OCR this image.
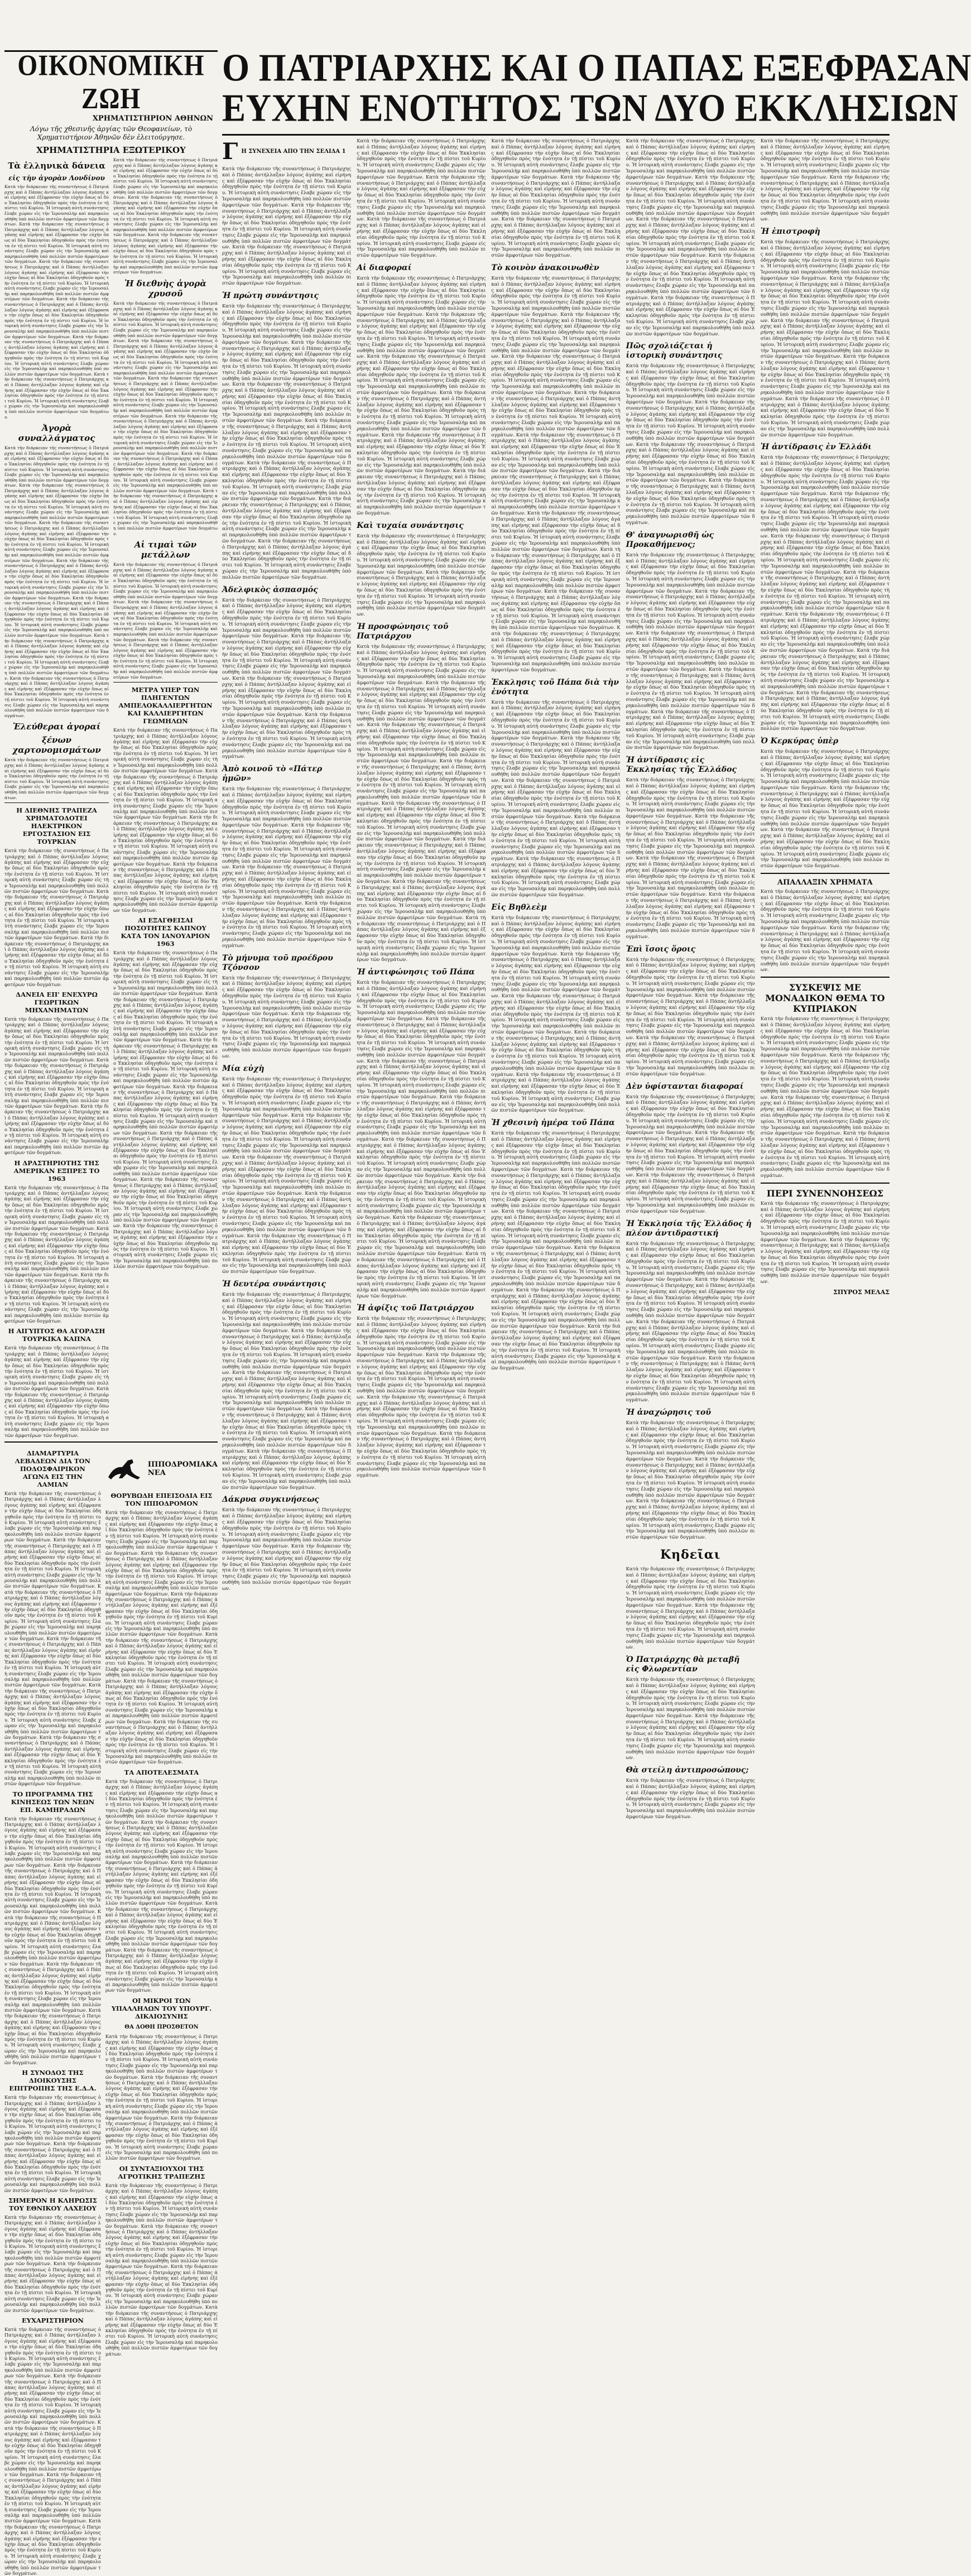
Ο ΠΑΤΡΙΑΡΧΗΣ ΚΑΙ Ο ΠΑΠΑΣ ΕΞΕΦΡΑΣΑΝ
ΕΥΧΗΝ ΕΝΟΤΗΤΟΣ ΤΩΝ ΔΥΟ ΕΚΚΛΗΣΙΩΝ
ΟΙΚΟΝΟΜΙΚΗ ΖΩΗ
ΧΡΗΜΑΤΙΣΤΗΡΙΟΝ ΑΘΗΝΩΝ
Λόγω τῆς χθεσινῆς ἀργίας τῶν Θεοφανείων, τὸ Χρηματιστήριον Ἀθηνῶν δὲν ἐλειτούργησε.
ΧΡΗΜΑΤΙΣΤΗΡΙΑ ΕΞΩΤΕΡΙΚΟΥ
Τὰ ἑλληνικὰ δάνεια
εἰς τὴν ἀγορὰν Λονδίνου
Κατὰ τὴν διάρκειαν τῆς συναντήσεως ὁ Πατριάρχης καὶ ὁ Πάπας ἀντήλλαξαν λόγους ἀγάπης καὶ εἰρήνης καὶ ἐξέφρασαν τὴν εὐχὴν ὅπως αἱ δύο Ἐκκλησίαι ὁδηγηθοῦν πρὸς τὴν ἑνότητα ἐν τῇ πίστει τοῦ Κυρίου. Ἡ ἱστορικὴ αὐτὴ συνάντησις ἔλαβε χώραν εἰς τὴν Ἱερουσαλὴμ καὶ παρηκολουθήθη ὑπὸ πολλῶν πιστῶν ἀμφοτέρων τῶν δογμάτων. Κατὰ τὴν διάρκειαν τῆς συναντήσεως ὁ Πατριάρχης καὶ ὁ Πάπας ἀντήλλαξαν λόγους ἀγάπης καὶ εἰρήνης καὶ ἐξέφρασαν τὴν εὐχὴν ὅπως αἱ δύο Ἐκκλησίαι ὁδηγηθοῦν πρὸς τὴν ἑνότητα ἐν τῇ πίστει τοῦ Κυρίου. Ἡ ἱστορικὴ αὐτὴ συνάντησις ἔλαβε χώραν εἰς τὴν Ἱερουσαλὴμ καὶ παρηκολουθήθη ὑπὸ πολλῶν πιστῶν ἀμφοτέρων τῶν δογμάτων. Κατὰ τὴν διάρκειαν τῆς συναντήσεως ὁ Πατριάρχης καὶ ὁ Πάπας ἀντήλλαξαν λόγους ἀγάπης καὶ εἰρήνης καὶ ἐξέφρασαν τὴν εὐχὴν ὅπως αἱ δύο Ἐκκλησίαι ὁδηγηθοῦν πρὸς τὴν ἑνότητα ἐν τῇ πίστει τοῦ Κυρίου. Ἡ ἱστορικὴ αὐτὴ συνάντησις ἔλαβε χώραν εἰς τὴν Ἱερουσαλὴμ καὶ παρηκολουθήθη ὑπὸ πολλῶν πιστῶν ἀμφοτέρων τῶν δογμάτων. Κατὰ τὴν διάρκειαν τῆς συναντήσεως ὁ Πατριάρχης καὶ ὁ Πάπας ἀντήλλαξαν λόγους ἀγάπης καὶ εἰρήνης καὶ ἐξέφρασαν τὴν εὐχὴν ὅπως αἱ δύο Ἐκκλησίαι ὁδηγηθοῦν πρὸς τὴν ἑνότητα ἐν τῇ πίστει τοῦ Κυρίου. Ἡ ἱστορικὴ αὐτὴ συνάντησις ἔλαβε χώραν εἰς τὴν Ἱερουσαλὴμ καὶ παρηκολουθήθη ὑπὸ πολλῶν πιστῶν ἀμφοτέρων τῶν δογμάτων. Κατὰ τὴν διάρκειαν τῆς συναντήσεως ὁ Πατριάρχης καὶ ὁ Πάπας ἀντήλλαξαν λόγους ἀγάπης καὶ εἰρήνης καὶ ἐξέφρασαν τὴν εὐχὴν ὅπως αἱ δύο Ἐκκλησίαι ὁδηγηθοῦν πρὸς τὴν ἑνότητα ἐν τῇ πίστει τοῦ Κυρίου. Ἡ ἱστορικὴ αὐτὴ συνάντησις ἔλαβε χώραν εἰς τὴν Ἱερουσαλὴμ καὶ παρηκολουθήθη ὑπὸ πολλῶν πιστῶν ἀμφοτέρων τῶν δογμάτων. Κατὰ τὴν διάρκειαν τῆς συναντήσεως ὁ Πατριάρχης καὶ ὁ Πάπας ἀντήλλαξαν λόγους ἀγάπης καὶ εἰρήνης καὶ ἐξέφρασαν τὴν εὐχὴν ὅπως αἱ δύο Ἐκκλησίαι ὁδηγηθοῦν πρὸς τὴν ἑνότητα ἐν τῇ πίστει τοῦ Κυρίου. Ἡ ἱστορικὴ αὐτὴ συνάντησις ἔλαβε χώραν εἰς τὴν Ἱερουσαλὴμ καὶ παρηκολουθήθη ὑπὸ πολλῶν πιστῶν ἀμφοτέρων τῶν δογμάτων.
Ἀγορὰ συναλλάγματος
Κατὰ τὴν διάρκειαν τῆς συναντήσεως ὁ Πατριάρχης καὶ ὁ Πάπας ἀντήλλαξαν λόγους ἀγάπης καὶ εἰρήνης καὶ ἐξέφρασαν τὴν εὐχὴν ὅπως αἱ δύο Ἐκκλησίαι ὁδηγηθοῦν πρὸς τὴν ἑνότητα ἐν τῇ πίστει τοῦ Κυρίου. Ἡ ἱστορικὴ αὐτὴ συνάντησις ἔλαβε χώραν εἰς τὴν Ἱερουσαλὴμ καὶ παρηκολουθήθη ὑπὸ πολλῶν πιστῶν ἀμφοτέρων τῶν δογμάτων. Κατὰ τὴν διάρκειαν τῆς συναντήσεως ὁ Πατριάρχης καὶ ὁ Πάπας ἀντήλλαξαν λόγους ἀγάπης καὶ εἰρήνης καὶ ἐξέφρασαν τὴν εὐχὴν ὅπως αἱ δύο Ἐκκλησίαι ὁδηγηθοῦν πρὸς τὴν ἑνότητα ἐν τῇ πίστει τοῦ Κυρίου. Ἡ ἱστορικὴ αὐτὴ συνάντησις ἔλαβε χώραν εἰς τὴν Ἱερουσαλὴμ καὶ παρηκολουθήθη ὑπὸ πολλῶν πιστῶν ἀμφοτέρων τῶν δογμάτων. Κατὰ τὴν διάρκειαν τῆς συναντήσεως ὁ Πατριάρχης καὶ ὁ Πάπας ἀντήλλαξαν λόγους ἀγάπης καὶ εἰρήνης καὶ ἐξέφρασαν τὴν εὐχὴν ὅπως αἱ δύο Ἐκκλησίαι ὁδηγηθοῦν πρὸς τὴν ἑνότητα ἐν τῇ πίστει τοῦ Κυρίου. Ἡ ἱστορικὴ αὐτὴ συνάντησις ἔλαβε χώραν εἰς τὴν Ἱερουσαλὴμ καὶ παρηκολουθήθη ὑπὸ πολλῶν πιστῶν ἀμφοτέρων τῶν δογμάτων. Κατὰ τὴν διάρκειαν τῆς συναντήσεως ὁ Πατριάρχης καὶ ὁ Πάπας ἀντήλλαξαν λόγους ἀγάπης καὶ εἰρήνης καὶ ἐξέφρασαν τὴν εὐχὴν ὅπως αἱ δύο Ἐκκλησίαι ὁδηγηθοῦν πρὸς τὴν ἑνότητα ἐν τῇ πίστει τοῦ Κυρίου. Ἡ ἱστορικὴ αὐτὴ συνάντησις ἔλαβε χώραν εἰς τὴν Ἱερουσαλὴμ καὶ παρηκολουθήθη ὑπὸ πολλῶν πιστῶν ἀμφοτέρων τῶν δογμάτων. Κατὰ τὴν διάρκειαν τῆς συναντήσεως ὁ Πατριάρχης καὶ ὁ Πάπας ἀντήλλαξαν λόγους ἀγάπης καὶ εἰρήνης καὶ ἐξέφρασαν τὴν εὐχὴν ὅπως αἱ δύο Ἐκκλησίαι ὁδηγηθοῦν πρὸς τὴν ἑνότητα ἐν τῇ πίστει τοῦ Κυρίου. Ἡ ἱστορικὴ αὐτὴ συνάντησις ἔλαβε χώραν εἰς τὴν Ἱερουσαλὴμ καὶ παρηκολουθήθη ὑπὸ πολλῶν πιστῶν ἀμφοτέρων τῶν δογμάτων. Κατὰ τὴν διάρκειαν τῆς συναντήσεως ὁ Πατριάρχης καὶ ὁ Πάπας ἀντήλλαξαν λόγους ἀγάπης καὶ εἰρήνης καὶ ἐξέφρασαν τὴν εὐχὴν ὅπως αἱ δύο Ἐκκλησίαι ὁδηγηθοῦν πρὸς τὴν ἑνότητα ἐν τῇ πίστει τοῦ Κυρίου. Ἡ ἱστορικὴ αὐτὴ συνάντησις ἔλαβε χώραν εἰς τὴν Ἱερουσαλὴμ καὶ παρηκολουθήθη ὑπὸ πολλῶν πιστῶν ἀμφοτέρων τῶν δογμάτων. Κατὰ τὴν διάρκειαν τῆς συναντήσεως ὁ Πατριάρχης καὶ ὁ Πάπας ἀντήλλαξαν λόγους ἀγάπης καὶ εἰρήνης καὶ ἐξέφρασαν τὴν εὐχὴν ὅπως αἱ δύο Ἐκκλησίαι ὁδηγηθοῦν πρὸς τὴν ἑνότητα ἐν τῇ πίστει τοῦ Κυρίου. Ἡ ἱστορικὴ αὐτὴ συνάντησις ἔλαβε χώραν εἰς τὴν Ἱερουσαλὴμ καὶ παρηκολουθήθη ὑπὸ πολλῶν πιστῶν ἀμφοτέρων τῶν δογμάτων.
Ἐλεύθεραι ἀγοραί
ξένων χαρτονομισμάτων
Κατὰ τὴν διάρκειαν τῆς συναντήσεως ὁ Πατριάρχης καὶ ὁ Πάπας ἀντήλλαξαν λόγους ἀγάπης καὶ εἰρήνης καὶ ἐξέφρασαν τὴν εὐχὴν ὅπως αἱ δύο Ἐκκλησίαι ὁδηγηθοῦν πρὸς τὴν ἑνότητα ἐν τῇ πίστει τοῦ Κυρίου. Ἡ ἱστορικὴ αὐτὴ συνάντησις ἔλαβε χώραν εἰς τὴν Ἱερουσαλὴμ καὶ παρηκολουθήθη ὑπὸ πολλῶν πιστῶν ἀμφοτέρων τῶν δογμάτων.
Η ΔΙΕΘΝΗΣ ΤΡΑΠΕΖΑ ΧΡΗΜΑΤΟΔΟΤΕΙ ΗΛΕΚΤΡΙΚΟΝ ΕΡΓΟΣΤΑΣΙΟΝ ΕΙΣ ΤΟΥΡΚΙΑΝ
Κατὰ τὴν διάρκειαν τῆς συναντήσεως ὁ Πατριάρχης καὶ ὁ Πάπας ἀντήλλαξαν λόγους ἀγάπης καὶ εἰρήνης καὶ ἐξέφρασαν τὴν εὐχὴν ὅπως αἱ δύο Ἐκκλησίαι ὁδηγηθοῦν πρὸς τὴν ἑνότητα ἐν τῇ πίστει τοῦ Κυρίου. Ἡ ἱστορικὴ αὐτὴ συνάντησις ἔλαβε χώραν εἰς τὴν Ἱερουσαλὴμ καὶ παρηκολουθήθη ὑπὸ πολλῶν πιστῶν ἀμφοτέρων τῶν δογμάτων. Κατὰ τὴν διάρκειαν τῆς συναντήσεως ὁ Πατριάρχης καὶ ὁ Πάπας ἀντήλλαξαν λόγους ἀγάπης καὶ εἰρήνης καὶ ἐξέφρασαν τὴν εὐχὴν ὅπως αἱ δύο Ἐκκλησίαι ὁδηγηθοῦν πρὸς τὴν ἑνότητα ἐν τῇ πίστει τοῦ Κυρίου. Ἡ ἱστορικὴ αὐτὴ συνάντησις ἔλαβε χώραν εἰς τὴν Ἱερουσαλὴμ καὶ παρηκολουθήθη ὑπὸ πολλῶν πιστῶν ἀμφοτέρων τῶν δογμάτων. Κατὰ τὴν διάρκειαν τῆς συναντήσεως ὁ Πατριάρχης καὶ ὁ Πάπας ἀντήλλαξαν λόγους ἀγάπης καὶ εἰρήνης καὶ ἐξέφρασαν τὴν εὐχὴν ὅπως αἱ δύο Ἐκκλησίαι ὁδηγηθοῦν πρὸς τὴν ἑνότητα ἐν τῇ πίστει τοῦ Κυρίου. Ἡ ἱστορικὴ αὐτὴ συνάντησις ἔλαβε χώραν εἰς τὴν Ἱερουσαλὴμ καὶ παρηκολουθήθη ὑπὸ πολλῶν πιστῶν ἀμφοτέρων τῶν δογμάτων.
ΔΑΝΕΙΑ ΕΠ' ΕΝΕΧΥΡΩ ΓΕΩΡΓΙΚΩΝ ΜΗΧΑΝΗΜΑΤΩΝ
Κατὰ τὴν διάρκειαν τῆς συναντήσεως ὁ Πατριάρχης καὶ ὁ Πάπας ἀντήλλαξαν λόγους ἀγάπης καὶ εἰρήνης καὶ ἐξέφρασαν τὴν εὐχὴν ὅπως αἱ δύο Ἐκκλησίαι ὁδηγηθοῦν πρὸς τὴν ἑνότητα ἐν τῇ πίστει τοῦ Κυρίου. Ἡ ἱστορικὴ αὐτὴ συνάντησις ἔλαβε χώραν εἰς τὴν Ἱερουσαλὴμ καὶ παρηκολουθήθη ὑπὸ πολλῶν πιστῶν ἀμφοτέρων τῶν δογμάτων. Κατὰ τὴν διάρκειαν τῆς συναντήσεως ὁ Πατριάρχης καὶ ὁ Πάπας ἀντήλλαξαν λόγους ἀγάπης καὶ εἰρήνης καὶ ἐξέφρασαν τὴν εὐχὴν ὅπως αἱ δύο Ἐκκλησίαι ὁδηγηθοῦν πρὸς τὴν ἑνότητα ἐν τῇ πίστει τοῦ Κυρίου. Ἡ ἱστορικὴ αὐτὴ συνάντησις ἔλαβε χώραν εἰς τὴν Ἱερουσαλὴμ καὶ παρηκολουθήθη ὑπὸ πολλῶν πιστῶν ἀμφοτέρων τῶν δογμάτων. Κατὰ τὴν διάρκειαν τῆς συναντήσεως ὁ Πατριάρχης καὶ ὁ Πάπας ἀντήλλαξαν λόγους ἀγάπης καὶ εἰρήνης καὶ ἐξέφρασαν τὴν εὐχὴν ὅπως αἱ δύο Ἐκκλησίαι ὁδηγηθοῦν πρὸς τὴν ἑνότητα ἐν τῇ πίστει τοῦ Κυρίου. Ἡ ἱστορικὴ αὐτὴ συνάντησις ἔλαβε χώραν εἰς τὴν Ἱερουσαλὴμ καὶ παρηκολουθήθη ὑπὸ πολλῶν πιστῶν ἀμφοτέρων τῶν δογμάτων.
Η ΔΡΑΣΤΗΡΙΟΤΗΣ ΤΗΣ ΑΜΕΡΙΚΑΝ ΕΞΠΡΕΣ ΤΟ 1963
Κατὰ τὴν διάρκειαν τῆς συναντήσεως ὁ Πατριάρχης καὶ ὁ Πάπας ἀντήλλαξαν λόγους ἀγάπης καὶ εἰρήνης καὶ ἐξέφρασαν τὴν εὐχὴν ὅπως αἱ δύο Ἐκκλησίαι ὁδηγηθοῦν πρὸς τὴν ἑνότητα ἐν τῇ πίστει τοῦ Κυρίου. Ἡ ἱστορικὴ αὐτὴ συνάντησις ἔλαβε χώραν εἰς τὴν Ἱερουσαλὴμ καὶ παρηκολουθήθη ὑπὸ πολλῶν πιστῶν ἀμφοτέρων τῶν δογμάτων. Κατὰ τὴν διάρκειαν τῆς συναντήσεως ὁ Πατριάρχης καὶ ὁ Πάπας ἀντήλλαξαν λόγους ἀγάπης καὶ εἰρήνης καὶ ἐξέφρασαν τὴν εὐχὴν ὅπως αἱ δύο Ἐκκλησίαι ὁδηγηθοῦν πρὸς τὴν ἑνότητα ἐν τῇ πίστει τοῦ Κυρίου. Ἡ ἱστορικὴ αὐτὴ συνάντησις ἔλαβε χώραν εἰς τὴν Ἱερουσαλὴμ καὶ παρηκολουθήθη ὑπὸ πολλῶν πιστῶν ἀμφοτέρων τῶν δογμάτων. Κατὰ τὴν διάρκειαν τῆς συναντήσεως ὁ Πατριάρχης καὶ ὁ Πάπας ἀντήλλαξαν λόγους ἀγάπης καὶ εἰρήνης καὶ ἐξέφρασαν τὴν εὐχὴν ὅπως αἱ δύο Ἐκκλησίαι ὁδηγηθοῦν πρὸς τὴν ἑνότητα ἐν τῇ πίστει τοῦ Κυρίου. Ἡ ἱστορικὴ αὐτὴ συνάντησις ἔλαβε χώραν εἰς τὴν Ἱερουσαλὴμ καὶ παρηκολουθήθη ὑπὸ πολλῶν πιστῶν ἀμφοτέρων τῶν δογμάτων.
Η ΑΙΓΥΠΤΟΣ ΘΑ ΑΓΟΡΑΣΗ ΤΟΥΡΚΙΚΑ ΚΑΠΝΑ
Κατὰ τὴν διάρκειαν τῆς συναντήσεως ὁ Πατριάρχης καὶ ὁ Πάπας ἀντήλλαξαν λόγους ἀγάπης καὶ εἰρήνης καὶ ἐξέφρασαν τὴν εὐχὴν ὅπως αἱ δύο Ἐκκλησίαι ὁδηγηθοῦν πρὸς τὴν ἑνότητα ἐν τῇ πίστει τοῦ Κυρίου. Ἡ ἱστορικὴ αὐτὴ συνάντησις ἔλαβε χώραν εἰς τὴν Ἱερουσαλὴμ καὶ παρηκολουθήθη ὑπὸ πολλῶν πιστῶν ἀμφοτέρων τῶν δογμάτων. Κατὰ τὴν διάρκειαν τῆς συναντήσεως ὁ Πατριάρχης καὶ ὁ Πάπας ἀντήλλαξαν λόγους ἀγάπης καὶ εἰρήνης καὶ ἐξέφρασαν τὴν εὐχὴν ὅπως αἱ δύο Ἐκκλησίαι ὁδηγηθοῦν πρὸς τὴν ἑνότητα ἐν τῇ πίστει τοῦ Κυρίου. Ἡ ἱστορικὴ αὐτὴ συνάντησις ἔλαβε χώραν εἰς τὴν Ἱερουσαλὴμ καὶ παρηκολουθήθη ὑπὸ πολλῶν πιστῶν ἀμφοτέρων τῶν δογμάτων.
Κατὰ τὴν διάρκειαν τῆς συναντήσεως ὁ Πατριάρχης καὶ ὁ Πάπας ἀντήλλαξαν λόγους ἀγάπης καὶ εἰρήνης καὶ ἐξέφρασαν τὴν εὐχὴν ὅπως αἱ δύο Ἐκκλησίαι ὁδηγηθοῦν πρὸς τὴν ἑνότητα ἐν τῇ πίστει τοῦ Κυρίου. Ἡ ἱστορικὴ αὐτὴ συνάντησις ἔλαβε χώραν εἰς τὴν Ἱερουσαλὴμ καὶ παρηκολουθήθη ὑπὸ πολλῶν πιστῶν ἀμφοτέρων τῶν δογμάτων. Κατὰ τὴν διάρκειαν τῆς συναντήσεως ὁ Πατριάρχης καὶ ὁ Πάπας ἀντήλλαξαν λόγους ἀγάπης καὶ εἰρήνης καὶ ἐξέφρασαν τὴν εὐχὴν ὅπως αἱ δύο Ἐκκλησίαι ὁδηγηθοῦν πρὸς τὴν ἑνότητα ἐν τῇ πίστει τοῦ Κυρίου. Ἡ ἱστορικὴ αὐτὴ συνάντησις ἔλαβε χώραν εἰς τὴν Ἱερουσαλὴμ καὶ παρηκολουθήθη ὑπὸ πολλῶν πιστῶν ἀμφοτέρων τῶν δογμάτων. Κατὰ τὴν διάρκειαν τῆς συναντήσεως ὁ Πατριάρχης καὶ ὁ Πάπας ἀντήλλαξαν λόγους ἀγάπης καὶ εἰρήνης καὶ ἐξέφρασαν τὴν εὐχὴν ὅπως αἱ δύο Ἐκκλησίαι ὁδηγηθοῦν πρὸς τὴν ἑνότητα ἐν τῇ πίστει τοῦ Κυρίου. Ἡ ἱστορικὴ αὐτὴ συνάντησις ἔλαβε χώραν εἰς τὴν Ἱερουσαλὴμ καὶ παρηκολουθήθη ὑπὸ πολλῶν πιστῶν ἀμφοτέρων τῶν δογμάτων.
Ἡ διεθνὴς ἀγορὰ χρυσοῦ
Κατὰ τὴν διάρκειαν τῆς συναντήσεως ὁ Πατριάρχης καὶ ὁ Πάπας ἀντήλλαξαν λόγους ἀγάπης καὶ εἰρήνης καὶ ἐξέφρασαν τὴν εὐχὴν ὅπως αἱ δύο Ἐκκλησίαι ὁδηγηθοῦν πρὸς τὴν ἑνότητα ἐν τῇ πίστει τοῦ Κυρίου. Ἡ ἱστορικὴ αὐτὴ συνάντησις ἔλαβε χώραν εἰς τὴν Ἱερουσαλὴμ καὶ παρηκολουθήθη ὑπὸ πολλῶν πιστῶν ἀμφοτέρων τῶν δογμάτων. Κατὰ τὴν διάρκειαν τῆς συναντήσεως ὁ Πατριάρχης καὶ ὁ Πάπας ἀντήλλαξαν λόγους ἀγάπης καὶ εἰρήνης καὶ ἐξέφρασαν τὴν εὐχὴν ὅπως αἱ δύο Ἐκκλησίαι ὁδηγηθοῦν πρὸς τὴν ἑνότητα ἐν τῇ πίστει τοῦ Κυρίου. Ἡ ἱστορικὴ αὐτὴ συνάντησις ἔλαβε χώραν εἰς τὴν Ἱερουσαλὴμ καὶ παρηκολουθήθη ὑπὸ πολλῶν πιστῶν ἀμφοτέρων τῶν δογμάτων. Κατὰ τὴν διάρκειαν τῆς συναντήσεως ὁ Πατριάρχης καὶ ὁ Πάπας ἀντήλλαξαν λόγους ἀγάπης καὶ εἰρήνης καὶ ἐξέφρασαν τὴν εὐχὴν ὅπως αἱ δύο Ἐκκλησίαι ὁδηγηθοῦν πρὸς τὴν ἑνότητα ἐν τῇ πίστει τοῦ Κυρίου. Ἡ ἱστορικὴ αὐτὴ συνάντησις ἔλαβε χώραν εἰς τὴν Ἱερουσαλὴμ καὶ παρηκολουθήθη ὑπὸ πολλῶν πιστῶν ἀμφοτέρων τῶν δογμάτων. Κατὰ τὴν διάρκειαν τῆς συναντήσεως ὁ Πατριάρχης καὶ ὁ Πάπας ἀντήλλαξαν λόγους ἀγάπης καὶ εἰρήνης καὶ ἐξέφρασαν τὴν εὐχὴν ὅπως αἱ δύο Ἐκκλησίαι ὁδηγηθοῦν πρὸς τὴν ἑνότητα ἐν τῇ πίστει τοῦ Κυρίου. Ἡ ἱστορικὴ αὐτὴ συνάντησις ἔλαβε χώραν εἰς τὴν Ἱερουσαλὴμ καὶ παρηκολουθήθη ὑπὸ πολλῶν πιστῶν ἀμφοτέρων τῶν δογμάτων. Κατὰ τὴν διάρκειαν τῆς συναντήσεως ὁ Πατριάρχης καὶ ὁ Πάπας ἀντήλλαξαν λόγους ἀγάπης καὶ εἰρήνης καὶ ἐξέφρασαν τὴν εὐχὴν ὅπως αἱ δύο Ἐκκλησίαι ὁδηγηθοῦν πρὸς τὴν ἑνότητα ἐν τῇ πίστει τοῦ Κυρίου. Ἡ ἱστορικὴ αὐτὴ συνάντησις ἔλαβε χώραν εἰς τὴν Ἱερουσαλὴμ καὶ παρηκολουθήθη ὑπὸ πολλῶν πιστῶν ἀμφοτέρων τῶν δογμάτων. Κατὰ τὴν διάρκειαν τῆς συναντήσεως ὁ Πατριάρχης καὶ ὁ Πάπας ἀντήλλαξαν λόγους ἀγάπης καὶ εἰρήνης καὶ ἐξέφρασαν τὴν εὐχὴν ὅπως αἱ δύο Ἐκκλησίαι ὁδηγηθοῦν πρὸς τὴν ἑνότητα ἐν τῇ πίστει τοῦ Κυρίου. Ἡ ἱστορικὴ αὐτὴ συνάντησις ἔλαβε χώραν εἰς τὴν Ἱερουσαλὴμ καὶ παρηκολουθήθη ὑπὸ πολλῶν πιστῶν ἀμφοτέρων τῶν δογμάτων.
Αἱ τιμαὶ τῶν μετάλλων
Κατὰ τὴν διάρκειαν τῆς συναντήσεως ὁ Πατριάρχης καὶ ὁ Πάπας ἀντήλλαξαν λόγους ἀγάπης καὶ εἰρήνης καὶ ἐξέφρασαν τὴν εὐχὴν ὅπως αἱ δύο Ἐκκλησίαι ὁδηγηθοῦν πρὸς τὴν ἑνότητα ἐν τῇ πίστει τοῦ Κυρίου. Ἡ ἱστορικὴ αὐτὴ συνάντησις ἔλαβε χώραν εἰς τὴν Ἱερουσαλὴμ καὶ παρηκολουθήθη ὑπὸ πολλῶν πιστῶν ἀμφοτέρων τῶν δογμάτων. Κατὰ τὴν διάρκειαν τῆς συναντήσεως ὁ Πατριάρχης καὶ ὁ Πάπας ἀντήλλαξαν λόγους ἀγάπης καὶ εἰρήνης καὶ ἐξέφρασαν τὴν εὐχὴν ὅπως αἱ δύο Ἐκκλησίαι ὁδηγηθοῦν πρὸς τὴν ἑνότητα ἐν τῇ πίστει τοῦ Κυρίου. Ἡ ἱστορικὴ αὐτὴ συνάντησις ἔλαβε χώραν εἰς τὴν Ἱερουσαλὴμ καὶ παρηκολουθήθη ὑπὸ πολλῶν πιστῶν ἀμφοτέρων τῶν δογμάτων. Κατὰ τὴν διάρκειαν τῆς συναντήσεως ὁ Πατριάρχης καὶ ὁ Πάπας ἀντήλλαξαν λόγους ἀγάπης καὶ εἰρήνης καὶ ἐξέφρασαν τὴν εὐχὴν ὅπως αἱ δύο Ἐκκλησίαι ὁδηγηθοῦν πρὸς τὴν ἑνότητα ἐν τῇ πίστει τοῦ Κυρίου. Ἡ ἱστορικὴ αὐτὴ συνάντησις ἔλαβε χώραν εἰς τὴν Ἱερουσαλὴμ καὶ παρηκολουθήθη ὑπὸ πολλῶν πιστῶν ἀμφοτέρων τῶν δογμάτων.
ΜΕΤΡΑ ΥΠΕΡ ΤΩΝ ΠΛΗΓΕΝΤΩΝ ΑΜΠΕΛΟΚΑΛΛΙΕΡΓΗΤΩΝ ΚΑΙ ΚΑΛΛΙΕΡΓΗΤΩΝ ΓΕΩΜΗΛΩΝ
Κατὰ τὴν διάρκειαν τῆς συναντήσεως ὁ Πατριάρχης καὶ ὁ Πάπας ἀντήλλαξαν λόγους ἀγάπης καὶ εἰρήνης καὶ ἐξέφρασαν τὴν εὐχὴν ὅπως αἱ δύο Ἐκκλησίαι ὁδηγηθοῦν πρὸς τὴν ἑνότητα ἐν τῇ πίστει τοῦ Κυρίου. Ἡ ἱστορικὴ αὐτὴ συνάντησις ἔλαβε χώραν εἰς τὴν Ἱερουσαλὴμ καὶ παρηκολουθήθη ὑπὸ πολλῶν πιστῶν ἀμφοτέρων τῶν δογμάτων. Κατὰ τὴν διάρκειαν τῆς συναντήσεως ὁ Πατριάρχης καὶ ὁ Πάπας ἀντήλλαξαν λόγους ἀγάπης καὶ εἰρήνης καὶ ἐξέφρασαν τὴν εὐχὴν ὅπως αἱ δύο Ἐκκλησίαι ὁδηγηθοῦν πρὸς τὴν ἑνότητα ἐν τῇ πίστει τοῦ Κυρίου. Ἡ ἱστορικὴ αὐτὴ συνάντησις ἔλαβε χώραν εἰς τὴν Ἱερουσαλὴμ καὶ παρηκολουθήθη ὑπὸ πολλῶν πιστῶν ἀμφοτέρων τῶν δογμάτων. Κατὰ τὴν διάρκειαν τῆς συναντήσεως ὁ Πατριάρχης καὶ ὁ Πάπας ἀντήλλαξαν λόγους ἀγάπης καὶ εἰρήνης καὶ ἐξέφρασαν τὴν εὐχὴν ὅπως αἱ δύο Ἐκκλησίαι ὁδηγηθοῦν πρὸς τὴν ἑνότητα ἐν τῇ πίστει τοῦ Κυρίου. Ἡ ἱστορικὴ αὐτὴ συνάντησις ἔλαβε χώραν εἰς τὴν Ἱερουσαλὴμ καὶ παρηκολουθήθη ὑπὸ πολλῶν πιστῶν ἀμφοτέρων τῶν δογμάτων. Κατὰ τὴν διάρκειαν τῆς συναντήσεως ὁ Πατριάρχης καὶ ὁ Πάπας ἀντήλλαξαν λόγους ἀγάπης καὶ εἰρήνης καὶ ἐξέφρασαν τὴν εὐχὴν ὅπως αἱ δύο Ἐκκλησίαι ὁδηγηθοῦν πρὸς τὴν ἑνότητα ἐν τῇ πίστει τοῦ Κυρίου. Ἡ ἱστορικὴ αὐτὴ συνάντησις ἔλαβε χώραν εἰς τὴν Ἱερουσαλὴμ καὶ παρηκολουθήθη ὑπὸ πολλῶν πιστῶν ἀμφοτέρων τῶν δογμάτων.
ΑΙ ΕΞΑΓΘΕΙΣΑΙ ΠΟΣΟΤΗΤΕΣ ΚΑΠΝΟΥ ΚΑΤΑ ΤΟΝ ΙΑΝΟΥΑΡΙΟΝ 1963
Κατὰ τὴν διάρκειαν τῆς συναντήσεως ὁ Πατριάρχης καὶ ὁ Πάπας ἀντήλλαξαν λόγους ἀγάπης καὶ εἰρήνης καὶ ἐξέφρασαν τὴν εὐχὴν ὅπως αἱ δύο Ἐκκλησίαι ὁδηγηθοῦν πρὸς τὴν ἑνότητα ἐν τῇ πίστει τοῦ Κυρίου. Ἡ ἱστορικὴ αὐτὴ συνάντησις ἔλαβε χώραν εἰς τὴν Ἱερουσαλὴμ καὶ παρηκολουθήθη ὑπὸ πολλῶν πιστῶν ἀμφοτέρων τῶν δογμάτων. Κατὰ τὴν διάρκειαν τῆς συναντήσεως ὁ Πατριάρχης καὶ ὁ Πάπας ἀντήλλαξαν λόγους ἀγάπης καὶ εἰρήνης καὶ ἐξέφρασαν τὴν εὐχὴν ὅπως αἱ δύο Ἐκκλησίαι ὁδηγηθοῦν πρὸς τὴν ἑνότητα ἐν τῇ πίστει τοῦ Κυρίου. Ἡ ἱστορικὴ αὐτὴ συνάντησις ἔλαβε χώραν εἰς τὴν Ἱερουσαλὴμ καὶ παρηκολουθήθη ὑπὸ πολλῶν πιστῶν ἀμφοτέρων τῶν δογμάτων. Κατὰ τὴν διάρκειαν τῆς συναντήσεως ὁ Πατριάρχης καὶ ὁ Πάπας ἀντήλλαξαν λόγους ἀγάπης καὶ εἰρήνης καὶ ἐξέφρασαν τὴν εὐχὴν ὅπως αἱ δύο Ἐκκλησίαι ὁδηγηθοῦν πρὸς τὴν ἑνότητα ἐν τῇ πίστει τοῦ Κυρίου. Ἡ ἱστορικὴ αὐτὴ συνάντησις ἔλαβε χώραν εἰς τὴν Ἱερουσαλὴμ καὶ παρηκολουθήθη ὑπὸ πολλῶν πιστῶν ἀμφοτέρων τῶν δογμάτων. Κατὰ τὴν διάρκειαν τῆς συναντήσεως ὁ Πατριάρχης καὶ ὁ Πάπας ἀντήλλαξαν λόγους ἀγάπης καὶ εἰρήνης καὶ ἐξέφρασαν τὴν εὐχὴν ὅπως αἱ δύο Ἐκκλησίαι ὁδηγηθοῦν πρὸς τὴν ἑνότητα ἐν τῇ πίστει τοῦ Κυρίου. Ἡ ἱστορικὴ αὐτὴ συνάντησις ἔλαβε χώραν εἰς τὴν Ἱερουσαλὴμ καὶ παρηκολουθήθη ὑπὸ πολλῶν πιστῶν ἀμφοτέρων τῶν δογμάτων. Κατὰ τὴν διάρκειαν τῆς συναντήσεως ὁ Πατριάρχης καὶ ὁ Πάπας ἀντήλλαξαν λόγους ἀγάπης καὶ εἰρήνης καὶ ἐξέφρασαν τὴν εὐχὴν ὅπως αἱ δύο Ἐκκλησίαι ὁδηγηθοῦν πρὸς τὴν ἑνότητα ἐν τῇ πίστει τοῦ Κυρίου. Ἡ ἱστορικὴ αὐτὴ συνάντησις ἔλαβε χώραν εἰς τὴν Ἱερουσαλὴμ καὶ παρηκολουθήθη ὑπὸ πολλῶν πιστῶν ἀμφοτέρων τῶν δογμάτων. Κατὰ τὴν διάρκειαν τῆς συναντήσεως ὁ Πατριάρχης καὶ ὁ Πάπας ἀντήλλαξαν λόγους ἀγάπης καὶ εἰρήνης καὶ ἐξέφρασαν τὴν εὐχὴν ὅπως αἱ δύο Ἐκκλησίαι ὁδηγηθοῦν πρὸς τὴν ἑνότητα ἐν τῇ πίστει τοῦ Κυρίου. Ἡ ἱστορικὴ αὐτὴ συνάντησις ἔλαβε χώραν εἰς τὴν Ἱερουσαλὴμ καὶ παρηκολουθήθη ὑπὸ πολλῶν πιστῶν ἀμφοτέρων τῶν δογμάτων. Κατὰ τὴν διάρκειαν τῆς συναντήσεως ὁ Πατριάρχης καὶ ὁ Πάπας ἀντήλλαξαν λόγους ἀγάπης καὶ εἰρήνης καὶ ἐξέφρασαν τὴν εὐχὴν ὅπως αἱ δύο Ἐκκλησίαι ὁδηγηθοῦν πρὸς τὴν ἑνότητα ἐν τῇ πίστει τοῦ Κυρίου. Ἡ ἱστορικὴ αὐτὴ συνάντησις ἔλαβε χώραν εἰς τὴν Ἱερουσαλὴμ καὶ παρηκολουθήθη ὑπὸ πολλῶν πιστῶν ἀμφοτέρων τῶν δογμάτων.
ΔΙΑΜΑΡΤΥΡΙΑ ΛΕΒΑΔΕΩΝ ΔΙΑ ΤΟΝ ΠΟΔΟΣΦΑΙΡΙΚΟΝ ΑΓΩΝΑ ΕΙΣ ΤΗΝ ΛΑΜΙΑΝ
Κατὰ τὴν διάρκειαν τῆς συναντήσεως ὁ Πατριάρχης καὶ ὁ Πάπας ἀντήλλαξαν λόγους ἀγάπης καὶ εἰρήνης καὶ ἐξέφρασαν τὴν εὐχὴν ὅπως αἱ δύο Ἐκκλησίαι ὁδηγηθοῦν πρὸς τὴν ἑνότητα ἐν τῇ πίστει τοῦ Κυρίου. Ἡ ἱστορικὴ αὐτὴ συνάντησις ἔλαβε χώραν εἰς τὴν Ἱερουσαλὴμ καὶ παρηκολουθήθη ὑπὸ πολλῶν πιστῶν ἀμφοτέρων τῶν δογμάτων. Κατὰ τὴν διάρκειαν τῆς συναντήσεως ὁ Πατριάρχης καὶ ὁ Πάπας ἀντήλλαξαν λόγους ἀγάπης καὶ εἰρήνης καὶ ἐξέφρασαν τὴν εὐχὴν ὅπως αἱ δύο Ἐκκλησίαι ὁδηγηθοῦν πρὸς τὴν ἑνότητα ἐν τῇ πίστει τοῦ Κυρίου. Ἡ ἱστορικὴ αὐτὴ συνάντησις ἔλαβε χώραν εἰς τὴν Ἱερουσαλὴμ καὶ παρηκολουθήθη ὑπὸ πολλῶν πιστῶν ἀμφοτέρων τῶν δογμάτων. Κατὰ τὴν διάρκειαν τῆς συναντήσεως ὁ Πατριάρχης καὶ ὁ Πάπας ἀντήλλαξαν λόγους ἀγάπης καὶ εἰρήνης καὶ ἐξέφρασαν τὴν εὐχὴν ὅπως αἱ δύο Ἐκκλησίαι ὁδηγηθοῦν πρὸς τὴν ἑνότητα ἐν τῇ πίστει τοῦ Κυρίου. Ἡ ἱστορικὴ αὐτὴ συνάντησις ἔλαβε χώραν εἰς τὴν Ἱερουσαλὴμ καὶ παρηκολουθήθη ὑπὸ πολλῶν πιστῶν ἀμφοτέρων τῶν δογμάτων. Κατὰ τὴν διάρκειαν τῆς συναντήσεως ὁ Πατριάρχης καὶ ὁ Πάπας ἀντήλλαξαν λόγους ἀγάπης καὶ εἰρήνης καὶ ἐξέφρασαν τὴν εὐχὴν ὅπως αἱ δύο Ἐκκλησίαι ὁδηγηθοῦν πρὸς τὴν ἑνότητα ἐν τῇ πίστει τοῦ Κυρίου. Ἡ ἱστορικὴ αὐτὴ συνάντησις ἔλαβε χώραν εἰς τὴν Ἱερουσαλὴμ καὶ παρηκολουθήθη ὑπὸ πολλῶν πιστῶν ἀμφοτέρων τῶν δογμάτων. Κατὰ τὴν διάρκειαν τῆς συναντήσεως ὁ Πατριάρχης καὶ ὁ Πάπας ἀντήλλαξαν λόγους ἀγάπης καὶ εἰρήνης καὶ ἐξέφρασαν τὴν εὐχὴν ὅπως αἱ δύο Ἐκκλησίαι ὁδηγηθοῦν πρὸς τὴν ἑνότητα ἐν τῇ πίστει τοῦ Κυρίου. Ἡ ἱστορικὴ αὐτὴ συνάντησις ἔλαβε χώραν εἰς τὴν Ἱερουσαλὴμ καὶ παρηκολουθήθη ὑπὸ πολλῶν πιστῶν ἀμφοτέρων τῶν δογμάτων. Κατὰ τὴν διάρκειαν τῆς συναντήσεως ὁ Πατριάρχης καὶ ὁ Πάπας ἀντήλλαξαν λόγους ἀγάπης καὶ εἰρήνης καὶ ἐξέφρασαν τὴν εὐχὴν ὅπως αἱ δύο Ἐκκλησίαι ὁδηγηθοῦν πρὸς τὴν ἑνότητα ἐν τῇ πίστει τοῦ Κυρίου. Ἡ ἱστορικὴ αὐτὴ συνάντησις ἔλαβε χώραν εἰς τὴν Ἱερουσαλὴμ καὶ παρηκολουθήθη ὑπὸ πολλῶν πιστῶν ἀμφοτέρων τῶν δογμάτων.
ΤΟ ΠΡΟΓΡΑΜΜΑ ΤΗΣ ΚΙΝΗΣΕΩΣ ΤΩΝ ΝΕΩΝ ΕΠ. ΚΑΜΗΡΑΔΩΝ
Κατὰ τὴν διάρκειαν τῆς συναντήσεως ὁ Πατριάρχης καὶ ὁ Πάπας ἀντήλλαξαν λόγους ἀγάπης καὶ εἰρήνης καὶ ἐξέφρασαν τὴν εὐχὴν ὅπως αἱ δύο Ἐκκλησίαι ὁδηγηθοῦν πρὸς τὴν ἑνότητα ἐν τῇ πίστει τοῦ Κυρίου. Ἡ ἱστορικὴ αὐτὴ συνάντησις ἔλαβε χώραν εἰς τὴν Ἱερουσαλὴμ καὶ παρηκολουθήθη ὑπὸ πολλῶν πιστῶν ἀμφοτέρων τῶν δογμάτων. Κατὰ τὴν διάρκειαν τῆς συναντήσεως ὁ Πατριάρχης καὶ ὁ Πάπας ἀντήλλαξαν λόγους ἀγάπης καὶ εἰρήνης καὶ ἐξέφρασαν τὴν εὐχὴν ὅπως αἱ δύο Ἐκκλησίαι ὁδηγηθοῦν πρὸς τὴν ἑνότητα ἐν τῇ πίστει τοῦ Κυρίου. Ἡ ἱστορικὴ αὐτὴ συνάντησις ἔλαβε χώραν εἰς τὴν Ἱερουσαλὴμ καὶ παρηκολουθήθη ὑπὸ πολλῶν πιστῶν ἀμφοτέρων τῶν δογμάτων. Κατὰ τὴν διάρκειαν τῆς συναντήσεως ὁ Πατριάρχης καὶ ὁ Πάπας ἀντήλλαξαν λόγους ἀγάπης καὶ εἰρήνης καὶ ἐξέφρασαν τὴν εὐχὴν ὅπως αἱ δύο Ἐκκλησίαι ὁδηγηθοῦν πρὸς τὴν ἑνότητα ἐν τῇ πίστει τοῦ Κυρίου. Ἡ ἱστορικὴ αὐτὴ συνάντησις ἔλαβε χώραν εἰς τὴν Ἱερουσαλὴμ καὶ παρηκολουθήθη ὑπὸ πολλῶν πιστῶν ἀμφοτέρων τῶν δογμάτων. Κατὰ τὴν διάρκειαν τῆς συναντήσεως ὁ Πατριάρχης καὶ ὁ Πάπας ἀντήλλαξαν λόγους ἀγάπης καὶ εἰρήνης καὶ ἐξέφρασαν τὴν εὐχὴν ὅπως αἱ δύο Ἐκκλησίαι ὁδηγηθοῦν πρὸς τὴν ἑνότητα ἐν τῇ πίστει τοῦ Κυρίου. Ἡ ἱστορικὴ αὐτὴ συνάντησις ἔλαβε χώραν εἰς τὴν Ἱερουσαλὴμ καὶ παρηκολουθήθη ὑπὸ πολλῶν πιστῶν ἀμφοτέρων τῶν δογμάτων. Κατὰ τὴν διάρκειαν τῆς συναντήσεως ὁ Πατριάρχης καὶ ὁ Πάπας ἀντήλλαξαν λόγους ἀγάπης καὶ εἰρήνης καὶ ἐξέφρασαν τὴν εὐχὴν ὅπως αἱ δύο Ἐκκλησίαι ὁδηγηθοῦν πρὸς τὴν ἑνότητα ἐν τῇ πίστει τοῦ Κυρίου. Ἡ ἱστορικὴ αὐτὴ συνάντησις ἔλαβε χώραν εἰς τὴν Ἱερουσαλὴμ καὶ παρηκολουθήθη ὑπὸ πολλῶν πιστῶν ἀμφοτέρων τῶν δογμάτων.
Η ΣΥΝΟΔΟΣ ΤΗΣ ΔΙΟΙΚΟΥΣΗΣ ΕΠΙΤΡΟΠΗΣ ΤΗΣ Ε.Δ.Α.
Κατὰ τὴν διάρκειαν τῆς συναντήσεως ὁ Πατριάρχης καὶ ὁ Πάπας ἀντήλλαξαν λόγους ἀγάπης καὶ εἰρήνης καὶ ἐξέφρασαν τὴν εὐχὴν ὅπως αἱ δύο Ἐκκλησίαι ὁδηγηθοῦν πρὸς τὴν ἑνότητα ἐν τῇ πίστει τοῦ Κυρίου. Ἡ ἱστορικὴ αὐτὴ συνάντησις ἔλαβε χώραν εἰς τὴν Ἱερουσαλὴμ καὶ παρηκολουθήθη ὑπὸ πολλῶν πιστῶν ἀμφοτέρων τῶν δογμάτων. Κατὰ τὴν διάρκειαν τῆς συναντήσεως ὁ Πατριάρχης καὶ ὁ Πάπας ἀντήλλαξαν λόγους ἀγάπης καὶ εἰρήνης καὶ ἐξέφρασαν τὴν εὐχὴν ὅπως αἱ δύο Ἐκκλησίαι ὁδηγηθοῦν πρὸς τὴν ἑνότητα ἐν τῇ πίστει τοῦ Κυρίου. Ἡ ἱστορικὴ αὐτὴ συνάντησις ἔλαβε χώραν εἰς τὴν Ἱερουσαλὴμ καὶ παρηκολουθήθη ὑπὸ πολλῶν πιστῶν ἀμφοτέρων τῶν δογμάτων.
ΣΗΜΕΡΟΝ Η ΚΛΗΡΩΣΙΣ ΤΟΥ ΕΘΝΙΚΟΥ ΛΑΧΕΙΟΥ
Κατὰ τὴν διάρκειαν τῆς συναντήσεως ὁ Πατριάρχης καὶ ὁ Πάπας ἀντήλλαξαν λόγους ἀγάπης καὶ εἰρήνης καὶ ἐξέφρασαν τὴν εὐχὴν ὅπως αἱ δύο Ἐκκλησίαι ὁδηγηθοῦν πρὸς τὴν ἑνότητα ἐν τῇ πίστει τοῦ Κυρίου. Ἡ ἱστορικὴ αὐτὴ συνάντησις ἔλαβε χώραν εἰς τὴν Ἱερουσαλὴμ καὶ παρηκολουθήθη ὑπὸ πολλῶν πιστῶν ἀμφοτέρων τῶν δογμάτων. Κατὰ τὴν διάρκειαν τῆς συναντήσεως ὁ Πατριάρχης καὶ ὁ Πάπας ἀντήλλαξαν λόγους ἀγάπης καὶ εἰρήνης καὶ ἐξέφρασαν τὴν εὐχὴν ὅπως αἱ δύο Ἐκκλησίαι ὁδηγηθοῦν πρὸς τὴν ἑνότητα ἐν τῇ πίστει τοῦ Κυρίου. Ἡ ἱστορικὴ αὐτὴ συνάντησις ἔλαβε χώραν εἰς τὴν Ἱερουσαλὴμ καὶ παρηκολουθήθη ὑπὸ πολλῶν πιστῶν ἀμφοτέρων τῶν δογμάτων.
ΕΥΧΑΡΙΣΤΗΡΙΟΝ
Κατὰ τὴν διάρκειαν τῆς συναντήσεως ὁ Πατριάρχης καὶ ὁ Πάπας ἀντήλλαξαν λόγους ἀγάπης καὶ εἰρήνης καὶ ἐξέφρασαν τὴν εὐχὴν ὅπως αἱ δύο Ἐκκλησίαι ὁδηγηθοῦν πρὸς τὴν ἑνότητα ἐν τῇ πίστει τοῦ Κυρίου. Ἡ ἱστορικὴ αὐτὴ συνάντησις ἔλαβε χώραν εἰς τὴν Ἱερουσαλὴμ καὶ παρηκολουθήθη ὑπὸ πολλῶν πιστῶν ἀμφοτέρων τῶν δογμάτων. Κατὰ τὴν διάρκειαν τῆς συναντήσεως ὁ Πατριάρχης καὶ ὁ Πάπας ἀντήλλαξαν λόγους ἀγάπης καὶ εἰρήνης καὶ ἐξέφρασαν τὴν εὐχὴν ὅπως αἱ δύο Ἐκκλησίαι ὁδηγηθοῦν πρὸς τὴν ἑνότητα ἐν τῇ πίστει τοῦ Κυρίου. Ἡ ἱστορικὴ αὐτὴ συνάντησις ἔλαβε χώραν εἰς τὴν Ἱερουσαλὴμ καὶ παρηκολουθήθη ὑπὸ πολλῶν πιστῶν ἀμφοτέρων τῶν δογμάτων. Κατὰ τὴν διάρκειαν τῆς συναντήσεως ὁ Πατριάρχης καὶ ὁ Πάπας ἀντήλλαξαν λόγους ἀγάπης καὶ εἰρήνης καὶ ἐξέφρασαν τὴν εὐχὴν ὅπως αἱ δύο Ἐκκλησίαι ὁδηγηθοῦν πρὸς τὴν ἑνότητα ἐν τῇ πίστει τοῦ Κυρίου. Ἡ ἱστορικὴ αὐτὴ συνάντησις ἔλαβε χώραν εἰς τὴν Ἱερουσαλὴμ καὶ παρηκολουθήθη ὑπὸ πολλῶν πιστῶν ἀμφοτέρων τῶν δογμάτων. Κατὰ τὴν διάρκειαν τῆς συναντήσεως ὁ Πατριάρχης καὶ ὁ Πάπας ἀντήλλαξαν λόγους ἀγάπης καὶ εἰρήνης καὶ ἐξέφρασαν τὴν εὐχὴν ὅπως αἱ δύο Ἐκκλησίαι ὁδηγηθοῦν πρὸς τὴν ἑνότητα ἐν τῇ πίστει τοῦ Κυρίου. Ἡ ἱστορικὴ αὐτὴ συνάντησις ἔλαβε χώραν εἰς τὴν Ἱερουσαλὴμ καὶ παρηκολουθήθη ὑπὸ πολλῶν πιστῶν ἀμφοτέρων τῶν δογμάτων. Κατὰ τὴν διάρκειαν τῆς συναντήσεως ὁ Πατριάρχης καὶ ὁ Πάπας ἀντήλλαξαν λόγους ἀγάπης καὶ εἰρήνης καὶ ἐξέφρασαν τὴν εὐχὴν ὅπως αἱ δύο Ἐκκλησίαι ὁδηγηθοῦν πρὸς τὴν ἑνότητα ἐν τῇ πίστει τοῦ Κυρίου. Ἡ ἱστορικὴ αὐτὴ συνάντησις ἔλαβε χώραν εἰς τὴν Ἱερουσαλὴμ καὶ παρηκολουθήθη ὑπὸ πολλῶν πιστῶν ἀμφοτέρων τῶν δογμάτων.
ΙΠΠΟΔΡΟΜΙΑΚΑ ΝΕΑ
ΘΟΡΥΒΩΔΗ ΕΠΕΙΣΟΔΙΑ ΕΙΣ ΤΟΝ ΙΠΠΟΔΡΟΜΟΝ
Κατὰ τὴν διάρκειαν τῆς συναντήσεως ὁ Πατριάρχης καὶ ὁ Πάπας ἀντήλλαξαν λόγους ἀγάπης καὶ εἰρήνης καὶ ἐξέφρασαν τὴν εὐχὴν ὅπως αἱ δύο Ἐκκλησίαι ὁδηγηθοῦν πρὸς τὴν ἑνότητα ἐν τῇ πίστει τοῦ Κυρίου. Ἡ ἱστορικὴ αὐτὴ συνάντησις ἔλαβε χώραν εἰς τὴν Ἱερουσαλὴμ καὶ παρηκολουθήθη ὑπὸ πολλῶν πιστῶν ἀμφοτέρων τῶν δογμάτων. Κατὰ τὴν διάρκειαν τῆς συναντήσεως ὁ Πατριάρχης καὶ ὁ Πάπας ἀντήλλαξαν λόγους ἀγάπης καὶ εἰρήνης καὶ ἐξέφρασαν τὴν εὐχὴν ὅπως αἱ δύο Ἐκκλησίαι ὁδηγηθοῦν πρὸς τὴν ἑνότητα ἐν τῇ πίστει τοῦ Κυρίου. Ἡ ἱστορικὴ αὐτὴ συνάντησις ἔλαβε χώραν εἰς τὴν Ἱερουσαλὴμ καὶ παρηκολουθήθη ὑπὸ πολλῶν πιστῶν ἀμφοτέρων τῶν δογμάτων. Κατὰ τὴν διάρκειαν τῆς συναντήσεως ὁ Πατριάρχης καὶ ὁ Πάπας ἀντήλλαξαν λόγους ἀγάπης καὶ εἰρήνης καὶ ἐξέφρασαν τὴν εὐχὴν ὅπως αἱ δύο Ἐκκλησίαι ὁδηγηθοῦν πρὸς τὴν ἑνότητα ἐν τῇ πίστει τοῦ Κυρίου. Ἡ ἱστορικὴ αὐτὴ συνάντησις ἔλαβε χώραν εἰς τὴν Ἱερουσαλὴμ καὶ παρηκολουθήθη ὑπὸ πολλῶν πιστῶν ἀμφοτέρων τῶν δογμάτων. Κατὰ τὴν διάρκειαν τῆς συναντήσεως ὁ Πατριάρχης καὶ ὁ Πάπας ἀντήλλαξαν λόγους ἀγάπης καὶ εἰρήνης καὶ ἐξέφρασαν τὴν εὐχὴν ὅπως αἱ δύο Ἐκκλησίαι ὁδηγηθοῦν πρὸς τὴν ἑνότητα ἐν τῇ πίστει τοῦ Κυρίου. Ἡ ἱστορικὴ αὐτὴ συνάντησις ἔλαβε χώραν εἰς τὴν Ἱερουσαλὴμ καὶ παρηκολουθήθη ὑπὸ πολλῶν πιστῶν ἀμφοτέρων τῶν δογμάτων. Κατὰ τὴν διάρκειαν τῆς συναντήσεως ὁ Πατριάρχης καὶ ὁ Πάπας ἀντήλλαξαν λόγους ἀγάπης καὶ εἰρήνης καὶ ἐξέφρασαν τὴν εὐχὴν ὅπως αἱ δύο Ἐκκλησίαι ὁδηγηθοῦν πρὸς τὴν ἑνότητα ἐν τῇ πίστει τοῦ Κυρίου. Ἡ ἱστορικὴ αὐτὴ συνάντησις ἔλαβε χώραν εἰς τὴν Ἱερουσαλὴμ καὶ παρηκολουθήθη ὑπὸ πολλῶν πιστῶν ἀμφοτέρων τῶν δογμάτων. Κατὰ τὴν διάρκειαν τῆς συναντήσεως ὁ Πατριάρχης καὶ ὁ Πάπας ἀντήλλαξαν λόγους ἀγάπης καὶ εἰρήνης καὶ ἐξέφρασαν τὴν εὐχὴν ὅπως αἱ δύο Ἐκκλησίαι ὁδηγηθοῦν πρὸς τὴν ἑνότητα ἐν τῇ πίστει τοῦ Κυρίου. Ἡ ἱστορικὴ αὐτὴ συνάντησις ἔλαβε χώραν εἰς τὴν Ἱερουσαλὴμ καὶ παρηκολουθήθη ὑπὸ πολλῶν πιστῶν ἀμφοτέρων τῶν δογμάτων.
ΤΑ ΑΠΟΤΕΛΕΣΜΑΤΑ
Κατὰ τὴν διάρκειαν τῆς συναντήσεως ὁ Πατριάρχης καὶ ὁ Πάπας ἀντήλλαξαν λόγους ἀγάπης καὶ εἰρήνης καὶ ἐξέφρασαν τὴν εὐχὴν ὅπως αἱ δύο Ἐκκλησίαι ὁδηγηθοῦν πρὸς τὴν ἑνότητα ἐν τῇ πίστει τοῦ Κυρίου. Ἡ ἱστορικὴ αὐτὴ συνάντησις ἔλαβε χώραν εἰς τὴν Ἱερουσαλὴμ καὶ παρηκολουθήθη ὑπὸ πολλῶν πιστῶν ἀμφοτέρων τῶν δογμάτων. Κατὰ τὴν διάρκειαν τῆς συναντήσεως ὁ Πατριάρχης καὶ ὁ Πάπας ἀντήλλαξαν λόγους ἀγάπης καὶ εἰρήνης καὶ ἐξέφρασαν τὴν εὐχὴν ὅπως αἱ δύο Ἐκκλησίαι ὁδηγηθοῦν πρὸς τὴν ἑνότητα ἐν τῇ πίστει τοῦ Κυρίου. Ἡ ἱστορικὴ αὐτὴ συνάντησις ἔλαβε χώραν εἰς τὴν Ἱερουσαλὴμ καὶ παρηκολουθήθη ὑπὸ πολλῶν πιστῶν ἀμφοτέρων τῶν δογμάτων. Κατὰ τὴν διάρκειαν τῆς συναντήσεως ὁ Πατριάρχης καὶ ὁ Πάπας ἀντήλλαξαν λόγους ἀγάπης καὶ εἰρήνης καὶ ἐξέφρασαν τὴν εὐχὴν ὅπως αἱ δύο Ἐκκλησίαι ὁδηγηθοῦν πρὸς τὴν ἑνότητα ἐν τῇ πίστει τοῦ Κυρίου. Ἡ ἱστορικὴ αὐτὴ συνάντησις ἔλαβε χώραν εἰς τὴν Ἱερουσαλὴμ καὶ παρηκολουθήθη ὑπὸ πολλῶν πιστῶν ἀμφοτέρων τῶν δογμάτων. Κατὰ τὴν διάρκειαν τῆς συναντήσεως ὁ Πατριάρχης καὶ ὁ Πάπας ἀντήλλαξαν λόγους ἀγάπης καὶ εἰρήνης καὶ ἐξέφρασαν τὴν εὐχὴν ὅπως αἱ δύο Ἐκκλησίαι ὁδηγηθοῦν πρὸς τὴν ἑνότητα ἐν τῇ πίστει τοῦ Κυρίου. Ἡ ἱστορικὴ αὐτὴ συνάντησις ἔλαβε χώραν εἰς τὴν Ἱερουσαλὴμ καὶ παρηκολουθήθη ὑπὸ πολλῶν πιστῶν ἀμφοτέρων τῶν δογμάτων. Κατὰ τὴν διάρκειαν τῆς συναντήσεως ὁ Πατριάρχης καὶ ὁ Πάπας ἀντήλλαξαν λόγους ἀγάπης καὶ εἰρήνης καὶ ἐξέφρασαν τὴν εὐχὴν ὅπως αἱ δύο Ἐκκλησίαι ὁδηγηθοῦν πρὸς τὴν ἑνότητα ἐν τῇ πίστει τοῦ Κυρίου. Ἡ ἱστορικὴ αὐτὴ συνάντησις ἔλαβε χώραν εἰς τὴν Ἱερουσαλὴμ καὶ παρηκολουθήθη ὑπὸ πολλῶν πιστῶν ἀμφοτέρων τῶν δογμάτων.
ΟΙ ΜΙΚΡΟΙ ΤΩΝ ΥΠΑΛΛΗΛΩΝ ΤΟΥ ΥΠΟΥΡΓ. ΔΙΚΑΙΟΣΥΝΗΣ
ΘΑ ΔΟΘΗ ΠΡΟΣΘΕΤΟΝ
Κατὰ τὴν διάρκειαν τῆς συναντήσεως ὁ Πατριάρχης καὶ ὁ Πάπας ἀντήλλαξαν λόγους ἀγάπης καὶ εἰρήνης καὶ ἐξέφρασαν τὴν εὐχὴν ὅπως αἱ δύο Ἐκκλησίαι ὁδηγηθοῦν πρὸς τὴν ἑνότητα ἐν τῇ πίστει τοῦ Κυρίου. Ἡ ἱστορικὴ αὐτὴ συνάντησις ἔλαβε χώραν εἰς τὴν Ἱερουσαλὴμ καὶ παρηκολουθήθη ὑπὸ πολλῶν πιστῶν ἀμφοτέρων τῶν δογμάτων. Κατὰ τὴν διάρκειαν τῆς συναντήσεως ὁ Πατριάρχης καὶ ὁ Πάπας ἀντήλλαξαν λόγους ἀγάπης καὶ εἰρήνης καὶ ἐξέφρασαν τὴν εὐχὴν ὅπως αἱ δύο Ἐκκλησίαι ὁδηγηθοῦν πρὸς τὴν ἑνότητα ἐν τῇ πίστει τοῦ Κυρίου. Ἡ ἱστορικὴ αὐτὴ συνάντησις ἔλαβε χώραν εἰς τὴν Ἱερουσαλὴμ καὶ παρηκολουθήθη ὑπὸ πολλῶν πιστῶν ἀμφοτέρων τῶν δογμάτων. Κατὰ τὴν διάρκειαν τῆς συναντήσεως ὁ Πατριάρχης καὶ ὁ Πάπας ἀντήλλαξαν λόγους ἀγάπης καὶ εἰρήνης καὶ ἐξέφρασαν τὴν εὐχὴν ὅπως αἱ δύο Ἐκκλησίαι ὁδηγηθοῦν πρὸς τὴν ἑνότητα ἐν τῇ πίστει τοῦ Κυρίου. Ἡ ἱστορικὴ αὐτὴ συνάντησις ἔλαβε χώραν εἰς τὴν Ἱερουσαλὴμ καὶ παρηκολουθήθη ὑπὸ πολλῶν πιστῶν ἀμφοτέρων τῶν δογμάτων.
ΟΙ ΣΥΝΤΑΞΙΟΥΧΟΙ ΤΗΣ ΑΓΡΟΤΙΚΗΣ ΤΡΑΠΕΖΗΣ
Κατὰ τὴν διάρκειαν τῆς συναντήσεως ὁ Πατριάρχης καὶ ὁ Πάπας ἀντήλλαξαν λόγους ἀγάπης καὶ εἰρήνης καὶ ἐξέφρασαν τὴν εὐχὴν ὅπως αἱ δύο Ἐκκλησίαι ὁδηγηθοῦν πρὸς τὴν ἑνότητα ἐν τῇ πίστει τοῦ Κυρίου. Ἡ ἱστορικὴ αὐτὴ συνάντησις ἔλαβε χώραν εἰς τὴν Ἱερουσαλὴμ καὶ παρηκολουθήθη ὑπὸ πολλῶν πιστῶν ἀμφοτέρων τῶν δογμάτων. Κατὰ τὴν διάρκειαν τῆς συναντήσεως ὁ Πατριάρχης καὶ ὁ Πάπας ἀντήλλαξαν λόγους ἀγάπης καὶ εἰρήνης καὶ ἐξέφρασαν τὴν εὐχὴν ὅπως αἱ δύο Ἐκκλησίαι ὁδηγηθοῦν πρὸς τὴν ἑνότητα ἐν τῇ πίστει τοῦ Κυρίου. Ἡ ἱστορικὴ αὐτὴ συνάντησις ἔλαβε χώραν εἰς τὴν Ἱερουσαλὴμ καὶ παρηκολουθήθη ὑπὸ πολλῶν πιστῶν ἀμφοτέρων τῶν δογμάτων. Κατὰ τὴν διάρκειαν τῆς συναντήσεως ὁ Πατριάρχης καὶ ὁ Πάπας ἀντήλλαξαν λόγους ἀγάπης καὶ εἰρήνης καὶ ἐξέφρασαν τὴν εὐχὴν ὅπως αἱ δύο Ἐκκλησίαι ὁδηγηθοῦν πρὸς τὴν ἑνότητα ἐν τῇ πίστει τοῦ Κυρίου. Ἡ ἱστορικὴ αὐτὴ συνάντησις ἔλαβε χώραν εἰς τὴν Ἱερουσαλὴμ καὶ παρηκολουθήθη ὑπὸ πολλῶν πιστῶν ἀμφοτέρων τῶν δογμάτων. Κατὰ τὴν διάρκειαν τῆς συναντήσεως ὁ Πατριάρχης καὶ ὁ Πάπας ἀντήλλαξαν λόγους ἀγάπης καὶ εἰρήνης καὶ ἐξέφρασαν τὴν εὐχὴν ὅπως αἱ δύο Ἐκκλησίαι ὁδηγηθοῦν πρὸς τὴν ἑνότητα ἐν τῇ πίστει τοῦ Κυρίου. Ἡ ἱστορικὴ αὐτὴ συνάντησις ἔλαβε χώραν εἰς τὴν Ἱερουσαλὴμ καὶ παρηκολουθήθη ὑπὸ πολλῶν πιστῶν ἀμφοτέρων τῶν δογμάτων.
Γ Η ΣΥΝΕΧΕΙΑ ΑΠΟ ΤΗΝ ΣΕΛΙΔΑ 1
Κατὰ τὴν διάρκειαν τῆς συναντήσεως ὁ Πατριάρχης καὶ ὁ Πάπας ἀντήλλαξαν λόγους ἀγάπης καὶ εἰρήνης καὶ ἐξέφρασαν τὴν εὐχὴν ὅπως αἱ δύο Ἐκκλησίαι ὁδηγηθοῦν πρὸς τὴν ἑνότητα ἐν τῇ πίστει τοῦ Κυρίου. Ἡ ἱστορικὴ αὐτὴ συνάντησις ἔλαβε χώραν εἰς τὴν Ἱερουσαλὴμ καὶ παρηκολουθήθη ὑπὸ πολλῶν πιστῶν ἀμφοτέρων τῶν δογμάτων. Κατὰ τὴν διάρκειαν τῆς συναντήσεως ὁ Πατριάρχης καὶ ὁ Πάπας ἀντήλλαξαν λόγους ἀγάπης καὶ εἰρήνης καὶ ἐξέφρασαν τὴν εὐχὴν ὅπως αἱ δύο Ἐκκλησίαι ὁδηγηθοῦν πρὸς τὴν ἑνότητα ἐν τῇ πίστει τοῦ Κυρίου. Ἡ ἱστορικὴ αὐτὴ συνάντησις ἔλαβε χώραν εἰς τὴν Ἱερουσαλὴμ καὶ παρηκολουθήθη ὑπὸ πολλῶν πιστῶν ἀμφοτέρων τῶν δογμάτων. Κατὰ τὴν διάρκειαν τῆς συναντήσεως ὁ Πατριάρχης καὶ ὁ Πάπας ἀντήλλαξαν λόγους ἀγάπης καὶ εἰρήνης καὶ ἐξέφρασαν τὴν εὐχὴν ὅπως αἱ δύο Ἐκκλησίαι ὁδηγηθοῦν πρὸς τὴν ἑνότητα ἐν τῇ πίστει τοῦ Κυρίου. Ἡ ἱστορικὴ αὐτὴ συνάντησις ἔλαβε χώραν εἰς τὴν Ἱερουσαλὴμ καὶ παρηκολουθήθη ὑπὸ πολλῶν πιστῶν ἀμφοτέρων τῶν δογμάτων.
Ἡ πρώτη συνάντησις
Κατὰ τὴν διάρκειαν τῆς συναντήσεως ὁ Πατριάρχης καὶ ὁ Πάπας ἀντήλλαξαν λόγους ἀγάπης καὶ εἰρήνης καὶ ἐξέφρασαν τὴν εὐχὴν ὅπως αἱ δύο Ἐκκλησίαι ὁδηγηθοῦν πρὸς τὴν ἑνότητα ἐν τῇ πίστει τοῦ Κυρίου. Ἡ ἱστορικὴ αὐτὴ συνάντησις ἔλαβε χώραν εἰς τὴν Ἱερουσαλὴμ καὶ παρηκολουθήθη ὑπὸ πολλῶν πιστῶν ἀμφοτέρων τῶν δογμάτων. Κατὰ τὴν διάρκειαν τῆς συναντήσεως ὁ Πατριάρχης καὶ ὁ Πάπας ἀντήλλαξαν λόγους ἀγάπης καὶ εἰρήνης καὶ ἐξέφρασαν τὴν εὐχὴν ὅπως αἱ δύο Ἐκκλησίαι ὁδηγηθοῦν πρὸς τὴν ἑνότητα ἐν τῇ πίστει τοῦ Κυρίου. Ἡ ἱστορικὴ αὐτὴ συνάντησις ἔλαβε χώραν εἰς τὴν Ἱερουσαλὴμ καὶ παρηκολουθήθη ὑπὸ πολλῶν πιστῶν ἀμφοτέρων τῶν δογμάτων. Κατὰ τὴν διάρκειαν τῆς συναντήσεως ὁ Πατριάρχης καὶ ὁ Πάπας ἀντήλλαξαν λόγους ἀγάπης καὶ εἰρήνης καὶ ἐξέφρασαν τὴν εὐχὴν ὅπως αἱ δύο Ἐκκλησίαι ὁδηγηθοῦν πρὸς τὴν ἑνότητα ἐν τῇ πίστει τοῦ Κυρίου. Ἡ ἱστορικὴ αὐτὴ συνάντησις ἔλαβε χώραν εἰς τὴν Ἱερουσαλὴμ καὶ παρηκολουθήθη ὑπὸ πολλῶν πιστῶν ἀμφοτέρων τῶν δογμάτων. Κατὰ τὴν διάρκειαν τῆς συναντήσεως ὁ Πατριάρχης καὶ ὁ Πάπας ἀντήλλαξαν λόγους ἀγάπης καὶ εἰρήνης καὶ ἐξέφρασαν τὴν εὐχὴν ὅπως αἱ δύο Ἐκκλησίαι ὁδηγηθοῦν πρὸς τὴν ἑνότητα ἐν τῇ πίστει τοῦ Κυρίου. Ἡ ἱστορικὴ αὐτὴ συνάντησις ἔλαβε χώραν εἰς τὴν Ἱερουσαλὴμ καὶ παρηκολουθήθη ὑπὸ πολλῶν πιστῶν ἀμφοτέρων τῶν δογμάτων. Κατὰ τὴν διάρκειαν τῆς συναντήσεως ὁ Πατριάρχης καὶ ὁ Πάπας ἀντήλλαξαν λόγους ἀγάπης καὶ εἰρήνης καὶ ἐξέφρασαν τὴν εὐχὴν ὅπως αἱ δύο Ἐκκλησίαι ὁδηγηθοῦν πρὸς τὴν ἑνότητα ἐν τῇ πίστει τοῦ Κυρίου. Ἡ ἱστορικὴ αὐτὴ συνάντησις ἔλαβε χώραν εἰς τὴν Ἱερουσαλὴμ καὶ παρηκολουθήθη ὑπὸ πολλῶν πιστῶν ἀμφοτέρων τῶν δογμάτων. Κατὰ τὴν διάρκειαν τῆς συναντήσεως ὁ Πατριάρχης καὶ ὁ Πάπας ἀντήλλαξαν λόγους ἀγάπης καὶ εἰρήνης καὶ ἐξέφρασαν τὴν εὐχὴν ὅπως αἱ δύο Ἐκκλησίαι ὁδηγηθοῦν πρὸς τὴν ἑνότητα ἐν τῇ πίστει τοῦ Κυρίου. Ἡ ἱστορικὴ αὐτὴ συνάντησις ἔλαβε χώραν εἰς τὴν Ἱερουσαλὴμ καὶ παρηκολουθήθη ὑπὸ πολλῶν πιστῶν ἀμφοτέρων τῶν δογμάτων. Κατὰ τὴν διάρκειαν τῆς συναντήσεως ὁ Πατριάρχης καὶ ὁ Πάπας ἀντήλλαξαν λόγους ἀγάπης καὶ εἰρήνης καὶ ἐξέφρασαν τὴν εὐχὴν ὅπως αἱ δύο Ἐκκλησίαι ὁδηγηθοῦν πρὸς τὴν ἑνότητα ἐν τῇ πίστει τοῦ Κυρίου. Ἡ ἱστορικὴ αὐτὴ συνάντησις ἔλαβε χώραν εἰς τὴν Ἱερουσαλὴμ καὶ παρηκολουθήθη ὑπὸ πολλῶν πιστῶν ἀμφοτέρων τῶν δογμάτων.
Ἀδελφικὸς ἀσπασμός
Κατὰ τὴν διάρκειαν τῆς συναντήσεως ὁ Πατριάρχης καὶ ὁ Πάπας ἀντήλλαξαν λόγους ἀγάπης καὶ εἰρήνης καὶ ἐξέφρασαν τὴν εὐχὴν ὅπως αἱ δύο Ἐκκλησίαι ὁδηγηθοῦν πρὸς τὴν ἑνότητα ἐν τῇ πίστει τοῦ Κυρίου. Ἡ ἱστορικὴ αὐτὴ συνάντησις ἔλαβε χώραν εἰς τὴν Ἱερουσαλὴμ καὶ παρηκολουθήθη ὑπὸ πολλῶν πιστῶν ἀμφοτέρων τῶν δογμάτων. Κατὰ τὴν διάρκειαν τῆς συναντήσεως ὁ Πατριάρχης καὶ ὁ Πάπας ἀντήλλαξαν λόγους ἀγάπης καὶ εἰρήνης καὶ ἐξέφρασαν τὴν εὐχὴν ὅπως αἱ δύο Ἐκκλησίαι ὁδηγηθοῦν πρὸς τὴν ἑνότητα ἐν τῇ πίστει τοῦ Κυρίου. Ἡ ἱστορικὴ αὐτὴ συνάντησις ἔλαβε χώραν εἰς τὴν Ἱερουσαλὴμ καὶ παρηκολουθήθη ὑπὸ πολλῶν πιστῶν ἀμφοτέρων τῶν δογμάτων. Κατὰ τὴν διάρκειαν τῆς συναντήσεως ὁ Πατριάρχης καὶ ὁ Πάπας ἀντήλλαξαν λόγους ἀγάπης καὶ εἰρήνης καὶ ἐξέφρασαν τὴν εὐχὴν ὅπως αἱ δύο Ἐκκλησίαι ὁδηγηθοῦν πρὸς τὴν ἑνότητα ἐν τῇ πίστει τοῦ Κυρίου. Ἡ ἱστορικὴ αὐτὴ συνάντησις ἔλαβε χώραν εἰς τὴν Ἱερουσαλὴμ καὶ παρηκολουθήθη ὑπὸ πολλῶν πιστῶν ἀμφοτέρων τῶν δογμάτων. Κατὰ τὴν διάρκειαν τῆς συναντήσεως ὁ Πατριάρχης καὶ ὁ Πάπας ἀντήλλαξαν λόγους ἀγάπης καὶ εἰρήνης καὶ ἐξέφρασαν τὴν εὐχὴν ὅπως αἱ δύο Ἐκκλησίαι ὁδηγηθοῦν πρὸς τὴν ἑνότητα ἐν τῇ πίστει τοῦ Κυρίου. Ἡ ἱστορικὴ αὐτὴ συνάντησις ἔλαβε χώραν εἰς τὴν Ἱερουσαλὴμ καὶ παρηκολουθήθη ὑπὸ πολλῶν πιστῶν ἀμφοτέρων τῶν δογμάτων.
Ἀπὸ κοινοῦ τὸ «Πάτερ ἡμῶν»
Κατὰ τὴν διάρκειαν τῆς συναντήσεως ὁ Πατριάρχης καὶ ὁ Πάπας ἀντήλλαξαν λόγους ἀγάπης καὶ εἰρήνης καὶ ἐξέφρασαν τὴν εὐχὴν ὅπως αἱ δύο Ἐκκλησίαι ὁδηγηθοῦν πρὸς τὴν ἑνότητα ἐν τῇ πίστει τοῦ Κυρίου. Ἡ ἱστορικὴ αὐτὴ συνάντησις ἔλαβε χώραν εἰς τὴν Ἱερουσαλὴμ καὶ παρηκολουθήθη ὑπὸ πολλῶν πιστῶν ἀμφοτέρων τῶν δογμάτων. Κατὰ τὴν διάρκειαν τῆς συναντήσεως ὁ Πατριάρχης καὶ ὁ Πάπας ἀντήλλαξαν λόγους ἀγάπης καὶ εἰρήνης καὶ ἐξέφρασαν τὴν εὐχὴν ὅπως αἱ δύο Ἐκκλησίαι ὁδηγηθοῦν πρὸς τὴν ἑνότητα ἐν τῇ πίστει τοῦ Κυρίου. Ἡ ἱστορικὴ αὐτὴ συνάντησις ἔλαβε χώραν εἰς τὴν Ἱερουσαλὴμ καὶ παρηκολουθήθη ὑπὸ πολλῶν πιστῶν ἀμφοτέρων τῶν δογμάτων. Κατὰ τὴν διάρκειαν τῆς συναντήσεως ὁ Πατριάρχης καὶ ὁ Πάπας ἀντήλλαξαν λόγους ἀγάπης καὶ εἰρήνης καὶ ἐξέφρασαν τὴν εὐχὴν ὅπως αἱ δύο Ἐκκλησίαι ὁδηγηθοῦν πρὸς τὴν ἑνότητα ἐν τῇ πίστει τοῦ Κυρίου. Ἡ ἱστορικὴ αὐτὴ συνάντησις ἔλαβε χώραν εἰς τὴν Ἱερουσαλὴμ καὶ παρηκολουθήθη ὑπὸ πολλῶν πιστῶν ἀμφοτέρων τῶν δογμάτων. Κατὰ τὴν διάρκειαν τῆς συναντήσεως ὁ Πατριάρχης καὶ ὁ Πάπας ἀντήλλαξαν λόγους ἀγάπης καὶ εἰρήνης καὶ ἐξέφρασαν τὴν εὐχὴν ὅπως αἱ δύο Ἐκκλησίαι ὁδηγηθοῦν πρὸς τὴν ἑνότητα ἐν τῇ πίστει τοῦ Κυρίου. Ἡ ἱστορικὴ αὐτὴ συνάντησις ἔλαβε χώραν εἰς τὴν Ἱερουσαλὴμ καὶ παρηκολουθήθη ὑπὸ πολλῶν πιστῶν ἀμφοτέρων τῶν δογμάτων.
Τὸ μήνυμα τοῦ προέδρου Τζόνσον
Κατὰ τὴν διάρκειαν τῆς συναντήσεως ὁ Πατριάρχης καὶ ὁ Πάπας ἀντήλλαξαν λόγους ἀγάπης καὶ εἰρήνης καὶ ἐξέφρασαν τὴν εὐχὴν ὅπως αἱ δύο Ἐκκλησίαι ὁδηγηθοῦν πρὸς τὴν ἑνότητα ἐν τῇ πίστει τοῦ Κυρίου. Ἡ ἱστορικὴ αὐτὴ συνάντησις ἔλαβε χώραν εἰς τὴν Ἱερουσαλὴμ καὶ παρηκολουθήθη ὑπὸ πολλῶν πιστῶν ἀμφοτέρων τῶν δογμάτων. Κατὰ τὴν διάρκειαν τῆς συναντήσεως ὁ Πατριάρχης καὶ ὁ Πάπας ἀντήλλαξαν λόγους ἀγάπης καὶ εἰρήνης καὶ ἐξέφρασαν τὴν εὐχὴν ὅπως αἱ δύο Ἐκκλησίαι ὁδηγηθοῦν πρὸς τὴν ἑνότητα ἐν τῇ πίστει τοῦ Κυρίου. Ἡ ἱστορικὴ αὐτὴ συνάντησις ἔλαβε χώραν εἰς τὴν Ἱερουσαλὴμ καὶ παρηκολουθήθη ὑπὸ πολλῶν πιστῶν ἀμφοτέρων τῶν δογμάτων.
Μία εὐχὴ
Κατὰ τὴν διάρκειαν τῆς συναντήσεως ὁ Πατριάρχης καὶ ὁ Πάπας ἀντήλλαξαν λόγους ἀγάπης καὶ εἰρήνης καὶ ἐξέφρασαν τὴν εὐχὴν ὅπως αἱ δύο Ἐκκλησίαι ὁδηγηθοῦν πρὸς τὴν ἑνότητα ἐν τῇ πίστει τοῦ Κυρίου. Ἡ ἱστορικὴ αὐτὴ συνάντησις ἔλαβε χώραν εἰς τὴν Ἱερουσαλὴμ καὶ παρηκολουθήθη ὑπὸ πολλῶν πιστῶν ἀμφοτέρων τῶν δογμάτων. Κατὰ τὴν διάρκειαν τῆς συναντήσεως ὁ Πατριάρχης καὶ ὁ Πάπας ἀντήλλαξαν λόγους ἀγάπης καὶ εἰρήνης καὶ ἐξέφρασαν τὴν εὐχὴν ὅπως αἱ δύο Ἐκκλησίαι ὁδηγηθοῦν πρὸς τὴν ἑνότητα ἐν τῇ πίστει τοῦ Κυρίου. Ἡ ἱστορικὴ αὐτὴ συνάντησις ἔλαβε χώραν εἰς τὴν Ἱερουσαλὴμ καὶ παρηκολουθήθη ὑπὸ πολλῶν πιστῶν ἀμφοτέρων τῶν δογμάτων. Κατὰ τὴν διάρκειαν τῆς συναντήσεως ὁ Πατριάρχης καὶ ὁ Πάπας ἀντήλλαξαν λόγους ἀγάπης καὶ εἰρήνης καὶ ἐξέφρασαν τὴν εὐχὴν ὅπως αἱ δύο Ἐκκλησίαι ὁδηγηθοῦν πρὸς τὴν ἑνότητα ἐν τῇ πίστει τοῦ Κυρίου. Ἡ ἱστορικὴ αὐτὴ συνάντησις ἔλαβε χώραν εἰς τὴν Ἱερουσαλὴμ καὶ παρηκολουθήθη ὑπὸ πολλῶν πιστῶν ἀμφοτέρων τῶν δογμάτων. Κατὰ τὴν διάρκειαν τῆς συναντήσεως ὁ Πατριάρχης καὶ ὁ Πάπας ἀντήλλαξαν λόγους ἀγάπης καὶ εἰρήνης καὶ ἐξέφρασαν τὴν εὐχὴν ὅπως αἱ δύο Ἐκκλησίαι ὁδηγηθοῦν πρὸς τὴν ἑνότητα ἐν τῇ πίστει τοῦ Κυρίου. Ἡ ἱστορικὴ αὐτὴ συνάντησις ἔλαβε χώραν εἰς τὴν Ἱερουσαλὴμ καὶ παρηκολουθήθη ὑπὸ πολλῶν πιστῶν ἀμφοτέρων τῶν δογμάτων. Κατὰ τὴν διάρκειαν τῆς συναντήσεως ὁ Πατριάρχης καὶ ὁ Πάπας ἀντήλλαξαν λόγους ἀγάπης καὶ εἰρήνης καὶ ἐξέφρασαν τὴν εὐχὴν ὅπως αἱ δύο Ἐκκλησίαι ὁδηγηθοῦν πρὸς τὴν ἑνότητα ἐν τῇ πίστει τοῦ Κυρίου. Ἡ ἱστορικὴ αὐτὴ συνάντησις ἔλαβε χώραν εἰς τὴν Ἱερουσαλὴμ καὶ παρηκολουθήθη ὑπὸ πολλῶν πιστῶν ἀμφοτέρων τῶν δογμάτων.
Ἡ δευτέρα συνάντησις
Κατὰ τὴν διάρκειαν τῆς συναντήσεως ὁ Πατριάρχης καὶ ὁ Πάπας ἀντήλλαξαν λόγους ἀγάπης καὶ εἰρήνης καὶ ἐξέφρασαν τὴν εὐχὴν ὅπως αἱ δύο Ἐκκλησίαι ὁδηγηθοῦν πρὸς τὴν ἑνότητα ἐν τῇ πίστει τοῦ Κυρίου. Ἡ ἱστορικὴ αὐτὴ συνάντησις ἔλαβε χώραν εἰς τὴν Ἱερουσαλὴμ καὶ παρηκολουθήθη ὑπὸ πολλῶν πιστῶν ἀμφοτέρων τῶν δογμάτων. Κατὰ τὴν διάρκειαν τῆς συναντήσεως ὁ Πατριάρχης καὶ ὁ Πάπας ἀντήλλαξαν λόγους ἀγάπης καὶ εἰρήνης καὶ ἐξέφρασαν τὴν εὐχὴν ὅπως αἱ δύο Ἐκκλησίαι ὁδηγηθοῦν πρὸς τὴν ἑνότητα ἐν τῇ πίστει τοῦ Κυρίου. Ἡ ἱστορικὴ αὐτὴ συνάντησις ἔλαβε χώραν εἰς τὴν Ἱερουσαλὴμ καὶ παρηκολουθήθη ὑπὸ πολλῶν πιστῶν ἀμφοτέρων τῶν δογμάτων. Κατὰ τὴν διάρκειαν τῆς συναντήσεως ὁ Πατριάρχης καὶ ὁ Πάπας ἀντήλλαξαν λόγους ἀγάπης καὶ εἰρήνης καὶ ἐξέφρασαν τὴν εὐχὴν ὅπως αἱ δύο Ἐκκλησίαι ὁδηγηθοῦν πρὸς τὴν ἑνότητα ἐν τῇ πίστει τοῦ Κυρίου. Ἡ ἱστορικὴ αὐτὴ συνάντησις ἔλαβε χώραν εἰς τὴν Ἱερουσαλὴμ καὶ παρηκολουθήθη ὑπὸ πολλῶν πιστῶν ἀμφοτέρων τῶν δογμάτων. Κατὰ τὴν διάρκειαν τῆς συναντήσεως ὁ Πατριάρχης καὶ ὁ Πάπας ἀντήλλαξαν λόγους ἀγάπης καὶ εἰρήνης καὶ ἐξέφρασαν τὴν εὐχὴν ὅπως αἱ δύο Ἐκκλησίαι ὁδηγηθοῦν πρὸς τὴν ἑνότητα ἐν τῇ πίστει τοῦ Κυρίου. Ἡ ἱστορικὴ αὐτὴ συνάντησις ἔλαβε χώραν εἰς τὴν Ἱερουσαλὴμ καὶ παρηκολουθήθη ὑπὸ πολλῶν πιστῶν ἀμφοτέρων τῶν δογμάτων. Κατὰ τὴν διάρκειαν τῆς συναντήσεως ὁ Πατριάρχης καὶ ὁ Πάπας ἀντήλλαξαν λόγους ἀγάπης καὶ εἰρήνης καὶ ἐξέφρασαν τὴν εὐχὴν ὅπως αἱ δύο Ἐκκλησίαι ὁδηγηθοῦν πρὸς τὴν ἑνότητα ἐν τῇ πίστει τοῦ Κυρίου. Ἡ ἱστορικὴ αὐτὴ συνάντησις ἔλαβε χώραν εἰς τὴν Ἱερουσαλὴμ καὶ παρηκολουθήθη ὑπὸ πολλῶν πιστῶν ἀμφοτέρων τῶν δογμάτων.
Δάκρυα συγκινήσεως
Κατὰ τὴν διάρκειαν τῆς συναντήσεως ὁ Πατριάρχης καὶ ὁ Πάπας ἀντήλλαξαν λόγους ἀγάπης καὶ εἰρήνης καὶ ἐξέφρασαν τὴν εὐχὴν ὅπως αἱ δύο Ἐκκλησίαι ὁδηγηθοῦν πρὸς τὴν ἑνότητα ἐν τῇ πίστει τοῦ Κυρίου. Ἡ ἱστορικὴ αὐτὴ συνάντησις ἔλαβε χώραν εἰς τὴν Ἱερουσαλὴμ καὶ παρηκολουθήθη ὑπὸ πολλῶν πιστῶν ἀμφοτέρων τῶν δογμάτων. Κατὰ τὴν διάρκειαν τῆς συναντήσεως ὁ Πατριάρχης καὶ ὁ Πάπας ἀντήλλαξαν λόγους ἀγάπης καὶ εἰρήνης καὶ ἐξέφρασαν τὴν εὐχὴν ὅπως αἱ δύο Ἐκκλησίαι ὁδηγηθοῦν πρὸς τὴν ἑνότητα ἐν τῇ πίστει τοῦ Κυρίου. Ἡ ἱστορικὴ αὐτὴ συνάντησις ἔλαβε χώραν εἰς τὴν Ἱερουσαλὴμ καὶ παρηκολουθήθη ὑπὸ πολλῶν πιστῶν ἀμφοτέρων τῶν δογμάτων.
Κατὰ τὴν διάρκειαν τῆς συναντήσεως ὁ Πατριάρχης καὶ ὁ Πάπας ἀντήλλαξαν λόγους ἀγάπης καὶ εἰρήνης καὶ ἐξέφρασαν τὴν εὐχὴν ὅπως αἱ δύο Ἐκκλησίαι ὁδηγηθοῦν πρὸς τὴν ἑνότητα ἐν τῇ πίστει τοῦ Κυρίου. Ἡ ἱστορικὴ αὐτὴ συνάντησις ἔλαβε χώραν εἰς τὴν Ἱερουσαλὴμ καὶ παρηκολουθήθη ὑπὸ πολλῶν πιστῶν ἀμφοτέρων τῶν δογμάτων. Κατὰ τὴν διάρκειαν τῆς συναντήσεως ὁ Πατριάρχης καὶ ὁ Πάπας ἀντήλλαξαν λόγους ἀγάπης καὶ εἰρήνης καὶ ἐξέφρασαν τὴν εὐχὴν ὅπως αἱ δύο Ἐκκλησίαι ὁδηγηθοῦν πρὸς τὴν ἑνότητα ἐν τῇ πίστει τοῦ Κυρίου. Ἡ ἱστορικὴ αὐτὴ συνάντησις ἔλαβε χώραν εἰς τὴν Ἱερουσαλὴμ καὶ παρηκολουθήθη ὑπὸ πολλῶν πιστῶν ἀμφοτέρων τῶν δογμάτων. Κατὰ τὴν διάρκειαν τῆς συναντήσεως ὁ Πατριάρχης καὶ ὁ Πάπας ἀντήλλαξαν λόγους ἀγάπης καὶ εἰρήνης καὶ ἐξέφρασαν τὴν εὐχὴν ὅπως αἱ δύο Ἐκκλησίαι ὁδηγηθοῦν πρὸς τὴν ἑνότητα ἐν τῇ πίστει τοῦ Κυρίου. Ἡ ἱστορικὴ αὐτὴ συνάντησις ἔλαβε χώραν εἰς τὴν Ἱερουσαλὴμ καὶ παρηκολουθήθη ὑπὸ πολλῶν πιστῶν ἀμφοτέρων τῶν δογμάτων.
Αἱ διαφοραί
Κατὰ τὴν διάρκειαν τῆς συναντήσεως ὁ Πατριάρχης καὶ ὁ Πάπας ἀντήλλαξαν λόγους ἀγάπης καὶ εἰρήνης καὶ ἐξέφρασαν τὴν εὐχὴν ὅπως αἱ δύο Ἐκκλησίαι ὁδηγηθοῦν πρὸς τὴν ἑνότητα ἐν τῇ πίστει τοῦ Κυρίου. Ἡ ἱστορικὴ αὐτὴ συνάντησις ἔλαβε χώραν εἰς τὴν Ἱερουσαλὴμ καὶ παρηκολουθήθη ὑπὸ πολλῶν πιστῶν ἀμφοτέρων τῶν δογμάτων. Κατὰ τὴν διάρκειαν τῆς συναντήσεως ὁ Πατριάρχης καὶ ὁ Πάπας ἀντήλλαξαν λόγους ἀγάπης καὶ εἰρήνης καὶ ἐξέφρασαν τὴν εὐχὴν ὅπως αἱ δύο Ἐκκλησίαι ὁδηγηθοῦν πρὸς τὴν ἑνότητα ἐν τῇ πίστει τοῦ Κυρίου. Ἡ ἱστορικὴ αὐτὴ συνάντησις ἔλαβε χώραν εἰς τὴν Ἱερουσαλὴμ καὶ παρηκολουθήθη ὑπὸ πολλῶν πιστῶν ἀμφοτέρων τῶν δογμάτων. Κατὰ τὴν διάρκειαν τῆς συναντήσεως ὁ Πατριάρχης καὶ ὁ Πάπας ἀντήλλαξαν λόγους ἀγάπης καὶ εἰρήνης καὶ ἐξέφρασαν τὴν εὐχὴν ὅπως αἱ δύο Ἐκκλησίαι ὁδηγηθοῦν πρὸς τὴν ἑνότητα ἐν τῇ πίστει τοῦ Κυρίου. Ἡ ἱστορικὴ αὐτὴ συνάντησις ἔλαβε χώραν εἰς τὴν Ἱερουσαλὴμ καὶ παρηκολουθήθη ὑπὸ πολλῶν πιστῶν ἀμφοτέρων τῶν δογμάτων. Κατὰ τὴν διάρκειαν τῆς συναντήσεως ὁ Πατριάρχης καὶ ὁ Πάπας ἀντήλλαξαν λόγους ἀγάπης καὶ εἰρήνης καὶ ἐξέφρασαν τὴν εὐχὴν ὅπως αἱ δύο Ἐκκλησίαι ὁδηγηθοῦν πρὸς τὴν ἑνότητα ἐν τῇ πίστει τοῦ Κυρίου. Ἡ ἱστορικὴ αὐτὴ συνάντησις ἔλαβε χώραν εἰς τὴν Ἱερουσαλὴμ καὶ παρηκολουθήθη ὑπὸ πολλῶν πιστῶν ἀμφοτέρων τῶν δογμάτων. Κατὰ τὴν διάρκειαν τῆς συναντήσεως ὁ Πατριάρχης καὶ ὁ Πάπας ἀντήλλαξαν λόγους ἀγάπης καὶ εἰρήνης καὶ ἐξέφρασαν τὴν εὐχὴν ὅπως αἱ δύο Ἐκκλησίαι ὁδηγηθοῦν πρὸς τὴν ἑνότητα ἐν τῇ πίστει τοῦ Κυρίου. Ἡ ἱστορικὴ αὐτὴ συνάντησις ἔλαβε χώραν εἰς τὴν Ἱερουσαλὴμ καὶ παρηκολουθήθη ὑπὸ πολλῶν πιστῶν ἀμφοτέρων τῶν δογμάτων. Κατὰ τὴν διάρκειαν τῆς συναντήσεως ὁ Πατριάρχης καὶ ὁ Πάπας ἀντήλλαξαν λόγους ἀγάπης καὶ εἰρήνης καὶ ἐξέφρασαν τὴν εὐχὴν ὅπως αἱ δύο Ἐκκλησίαι ὁδηγηθοῦν πρὸς τὴν ἑνότητα ἐν τῇ πίστει τοῦ Κυρίου. Ἡ ἱστορικὴ αὐτὴ συνάντησις ἔλαβε χώραν εἰς τὴν Ἱερουσαλὴμ καὶ παρηκολουθήθη ὑπὸ πολλῶν πιστῶν ἀμφοτέρων τῶν δογμάτων.
Καὶ τυχαία συνάντησις
Κατὰ τὴν διάρκειαν τῆς συναντήσεως ὁ Πατριάρχης καὶ ὁ Πάπας ἀντήλλαξαν λόγους ἀγάπης καὶ εἰρήνης καὶ ἐξέφρασαν τὴν εὐχὴν ὅπως αἱ δύο Ἐκκλησίαι ὁδηγηθοῦν πρὸς τὴν ἑνότητα ἐν τῇ πίστει τοῦ Κυρίου. Ἡ ἱστορικὴ αὐτὴ συνάντησις ἔλαβε χώραν εἰς τὴν Ἱερουσαλὴμ καὶ παρηκολουθήθη ὑπὸ πολλῶν πιστῶν ἀμφοτέρων τῶν δογμάτων. Κατὰ τὴν διάρκειαν τῆς συναντήσεως ὁ Πατριάρχης καὶ ὁ Πάπας ἀντήλλαξαν λόγους ἀγάπης καὶ εἰρήνης καὶ ἐξέφρασαν τὴν εὐχὴν ὅπως αἱ δύο Ἐκκλησίαι ὁδηγηθοῦν πρὸς τὴν ἑνότητα ἐν τῇ πίστει τοῦ Κυρίου. Ἡ ἱστορικὴ αὐτὴ συνάντησις ἔλαβε χώραν εἰς τὴν Ἱερουσαλὴμ καὶ παρηκολουθήθη ὑπὸ πολλῶν πιστῶν ἀμφοτέρων τῶν δογμάτων.
Ἡ προσφώνησις τοῦ Πατριάρχου
Κατὰ τὴν διάρκειαν τῆς συναντήσεως ὁ Πατριάρχης καὶ ὁ Πάπας ἀντήλλαξαν λόγους ἀγάπης καὶ εἰρήνης καὶ ἐξέφρασαν τὴν εὐχὴν ὅπως αἱ δύο Ἐκκλησίαι ὁδηγηθοῦν πρὸς τὴν ἑνότητα ἐν τῇ πίστει τοῦ Κυρίου. Ἡ ἱστορικὴ αὐτὴ συνάντησις ἔλαβε χώραν εἰς τὴν Ἱερουσαλὴμ καὶ παρηκολουθήθη ὑπὸ πολλῶν πιστῶν ἀμφοτέρων τῶν δογμάτων. Κατὰ τὴν διάρκειαν τῆς συναντήσεως ὁ Πατριάρχης καὶ ὁ Πάπας ἀντήλλαξαν λόγους ἀγάπης καὶ εἰρήνης καὶ ἐξέφρασαν τὴν εὐχὴν ὅπως αἱ δύο Ἐκκλησίαι ὁδηγηθοῦν πρὸς τὴν ἑνότητα ἐν τῇ πίστει τοῦ Κυρίου. Ἡ ἱστορικὴ αὐτὴ συνάντησις ἔλαβε χώραν εἰς τὴν Ἱερουσαλὴμ καὶ παρηκολουθήθη ὑπὸ πολλῶν πιστῶν ἀμφοτέρων τῶν δογμάτων. Κατὰ τὴν διάρκειαν τῆς συναντήσεως ὁ Πατριάρχης καὶ ὁ Πάπας ἀντήλλαξαν λόγους ἀγάπης καὶ εἰρήνης καὶ ἐξέφρασαν τὴν εὐχὴν ὅπως αἱ δύο Ἐκκλησίαι ὁδηγηθοῦν πρὸς τὴν ἑνότητα ἐν τῇ πίστει τοῦ Κυρίου. Ἡ ἱστορικὴ αὐτὴ συνάντησις ἔλαβε χώραν εἰς τὴν Ἱερουσαλὴμ καὶ παρηκολουθήθη ὑπὸ πολλῶν πιστῶν ἀμφοτέρων τῶν δογμάτων. Κατὰ τὴν διάρκειαν τῆς συναντήσεως ὁ Πατριάρχης καὶ ὁ Πάπας ἀντήλλαξαν λόγους ἀγάπης καὶ εἰρήνης καὶ ἐξέφρασαν τὴν εὐχὴν ὅπως αἱ δύο Ἐκκλησίαι ὁδηγηθοῦν πρὸς τὴν ἑνότητα ἐν τῇ πίστει τοῦ Κυρίου. Ἡ ἱστορικὴ αὐτὴ συνάντησις ἔλαβε χώραν εἰς τὴν Ἱερουσαλὴμ καὶ παρηκολουθήθη ὑπὸ πολλῶν πιστῶν ἀμφοτέρων τῶν δογμάτων. Κατὰ τὴν διάρκειαν τῆς συναντήσεως ὁ Πατριάρχης καὶ ὁ Πάπας ἀντήλλαξαν λόγους ἀγάπης καὶ εἰρήνης καὶ ἐξέφρασαν τὴν εὐχὴν ὅπως αἱ δύο Ἐκκλησίαι ὁδηγηθοῦν πρὸς τὴν ἑνότητα ἐν τῇ πίστει τοῦ Κυρίου. Ἡ ἱστορικὴ αὐτὴ συνάντησις ἔλαβε χώραν εἰς τὴν Ἱερουσαλὴμ καὶ παρηκολουθήθη ὑπὸ πολλῶν πιστῶν ἀμφοτέρων τῶν δογμάτων. Κατὰ τὴν διάρκειαν τῆς συναντήσεως ὁ Πατριάρχης καὶ ὁ Πάπας ἀντήλλαξαν λόγους ἀγάπης καὶ εἰρήνης καὶ ἐξέφρασαν τὴν εὐχὴν ὅπως αἱ δύο Ἐκκλησίαι ὁδηγηθοῦν πρὸς τὴν ἑνότητα ἐν τῇ πίστει τοῦ Κυρίου. Ἡ ἱστορικὴ αὐτὴ συνάντησις ἔλαβε χώραν εἰς τὴν Ἱερουσαλὴμ καὶ παρηκολουθήθη ὑπὸ πολλῶν πιστῶν ἀμφοτέρων τῶν δογμάτων. Κατὰ τὴν διάρκειαν τῆς συναντήσεως ὁ Πατριάρχης καὶ ὁ Πάπας ἀντήλλαξαν λόγους ἀγάπης καὶ εἰρήνης καὶ ἐξέφρασαν τὴν εὐχὴν ὅπως αἱ δύο Ἐκκλησίαι ὁδηγηθοῦν πρὸς τὴν ἑνότητα ἐν τῇ πίστει τοῦ Κυρίου. Ἡ ἱστορικὴ αὐτὴ συνάντησις ἔλαβε χώραν εἰς τὴν Ἱερουσαλὴμ καὶ παρηκολουθήθη ὑπὸ πολλῶν πιστῶν ἀμφοτέρων τῶν δογμάτων. Κατὰ τὴν διάρκειαν τῆς συναντήσεως ὁ Πατριάρχης καὶ ὁ Πάπας ἀντήλλαξαν λόγους ἀγάπης καὶ εἰρήνης καὶ ἐξέφρασαν τὴν εὐχὴν ὅπως αἱ δύο Ἐκκλησίαι ὁδηγηθοῦν πρὸς τὴν ἑνότητα ἐν τῇ πίστει τοῦ Κυρίου. Ἡ ἱστορικὴ αὐτὴ συνάντησις ἔλαβε χώραν εἰς τὴν Ἱερουσαλὴμ καὶ παρηκολουθήθη ὑπὸ πολλῶν πιστῶν ἀμφοτέρων τῶν δογμάτων.
Ἡ ἀντιφώνησις τοῦ Πάπα
Κατὰ τὴν διάρκειαν τῆς συναντήσεως ὁ Πατριάρχης καὶ ὁ Πάπας ἀντήλλαξαν λόγους ἀγάπης καὶ εἰρήνης καὶ ἐξέφρασαν τὴν εὐχὴν ὅπως αἱ δύο Ἐκκλησίαι ὁδηγηθοῦν πρὸς τὴν ἑνότητα ἐν τῇ πίστει τοῦ Κυρίου. Ἡ ἱστορικὴ αὐτὴ συνάντησις ἔλαβε χώραν εἰς τὴν Ἱερουσαλὴμ καὶ παρηκολουθήθη ὑπὸ πολλῶν πιστῶν ἀμφοτέρων τῶν δογμάτων. Κατὰ τὴν διάρκειαν τῆς συναντήσεως ὁ Πατριάρχης καὶ ὁ Πάπας ἀντήλλαξαν λόγους ἀγάπης καὶ εἰρήνης καὶ ἐξέφρασαν τὴν εὐχὴν ὅπως αἱ δύο Ἐκκλησίαι ὁδηγηθοῦν πρὸς τὴν ἑνότητα ἐν τῇ πίστει τοῦ Κυρίου. Ἡ ἱστορικὴ αὐτὴ συνάντησις ἔλαβε χώραν εἰς τὴν Ἱερουσαλὴμ καὶ παρηκολουθήθη ὑπὸ πολλῶν πιστῶν ἀμφοτέρων τῶν δογμάτων. Κατὰ τὴν διάρκειαν τῆς συναντήσεως ὁ Πατριάρχης καὶ ὁ Πάπας ἀντήλλαξαν λόγους ἀγάπης καὶ εἰρήνης καὶ ἐξέφρασαν τὴν εὐχὴν ὅπως αἱ δύο Ἐκκλησίαι ὁδηγηθοῦν πρὸς τὴν ἑνότητα ἐν τῇ πίστει τοῦ Κυρίου. Ἡ ἱστορικὴ αὐτὴ συνάντησις ἔλαβε χώραν εἰς τὴν Ἱερουσαλὴμ καὶ παρηκολουθήθη ὑπὸ πολλῶν πιστῶν ἀμφοτέρων τῶν δογμάτων. Κατὰ τὴν διάρκειαν τῆς συναντήσεως ὁ Πατριάρχης καὶ ὁ Πάπας ἀντήλλαξαν λόγους ἀγάπης καὶ εἰρήνης καὶ ἐξέφρασαν τὴν εὐχὴν ὅπως αἱ δύο Ἐκκλησίαι ὁδηγηθοῦν πρὸς τὴν ἑνότητα ἐν τῇ πίστει τοῦ Κυρίου. Ἡ ἱστορικὴ αὐτὴ συνάντησις ἔλαβε χώραν εἰς τὴν Ἱερουσαλὴμ καὶ παρηκολουθήθη ὑπὸ πολλῶν πιστῶν ἀμφοτέρων τῶν δογμάτων. Κατὰ τὴν διάρκειαν τῆς συναντήσεως ὁ Πατριάρχης καὶ ὁ Πάπας ἀντήλλαξαν λόγους ἀγάπης καὶ εἰρήνης καὶ ἐξέφρασαν τὴν εὐχὴν ὅπως αἱ δύο Ἐκκλησίαι ὁδηγηθοῦν πρὸς τὴν ἑνότητα ἐν τῇ πίστει τοῦ Κυρίου. Ἡ ἱστορικὴ αὐτὴ συνάντησις ἔλαβε χώραν εἰς τὴν Ἱερουσαλὴμ καὶ παρηκολουθήθη ὑπὸ πολλῶν πιστῶν ἀμφοτέρων τῶν δογμάτων. Κατὰ τὴν διάρκειαν τῆς συναντήσεως ὁ Πατριάρχης καὶ ὁ Πάπας ἀντήλλαξαν λόγους ἀγάπης καὶ εἰρήνης καὶ ἐξέφρασαν τὴν εὐχὴν ὅπως αἱ δύο Ἐκκλησίαι ὁδηγηθοῦν πρὸς τὴν ἑνότητα ἐν τῇ πίστει τοῦ Κυρίου. Ἡ ἱστορικὴ αὐτὴ συνάντησις ἔλαβε χώραν εἰς τὴν Ἱερουσαλὴμ καὶ παρηκολουθήθη ὑπὸ πολλῶν πιστῶν ἀμφοτέρων τῶν δογμάτων. Κατὰ τὴν διάρκειαν τῆς συναντήσεως ὁ Πατριάρχης καὶ ὁ Πάπας ἀντήλλαξαν λόγους ἀγάπης καὶ εἰρήνης καὶ ἐξέφρασαν τὴν εὐχὴν ὅπως αἱ δύο Ἐκκλησίαι ὁδηγηθοῦν πρὸς τὴν ἑνότητα ἐν τῇ πίστει τοῦ Κυρίου. Ἡ ἱστορικὴ αὐτὴ συνάντησις ἔλαβε χώραν εἰς τὴν Ἱερουσαλὴμ καὶ παρηκολουθήθη ὑπὸ πολλῶν πιστῶν ἀμφοτέρων τῶν δογμάτων. Κατὰ τὴν διάρκειαν τῆς συναντήσεως ὁ Πατριάρχης καὶ ὁ Πάπας ἀντήλλαξαν λόγους ἀγάπης καὶ εἰρήνης καὶ ἐξέφρασαν τὴν εὐχὴν ὅπως αἱ δύο Ἐκκλησίαι ὁδηγηθοῦν πρὸς τὴν ἑνότητα ἐν τῇ πίστει τοῦ Κυρίου. Ἡ ἱστορικὴ αὐτὴ συνάντησις ἔλαβε χώραν εἰς τὴν Ἱερουσαλὴμ καὶ παρηκολουθήθη ὑπὸ πολλῶν πιστῶν ἀμφοτέρων τῶν δογμάτων.
Ἡ ἀφίξις τοῦ Πατριάρχου
Κατὰ τὴν διάρκειαν τῆς συναντήσεως ὁ Πατριάρχης καὶ ὁ Πάπας ἀντήλλαξαν λόγους ἀγάπης καὶ εἰρήνης καὶ ἐξέφρασαν τὴν εὐχὴν ὅπως αἱ δύο Ἐκκλησίαι ὁδηγηθοῦν πρὸς τὴν ἑνότητα ἐν τῇ πίστει τοῦ Κυρίου. Ἡ ἱστορικὴ αὐτὴ συνάντησις ἔλαβε χώραν εἰς τὴν Ἱερουσαλὴμ καὶ παρηκολουθήθη ὑπὸ πολλῶν πιστῶν ἀμφοτέρων τῶν δογμάτων. Κατὰ τὴν διάρκειαν τῆς συναντήσεως ὁ Πατριάρχης καὶ ὁ Πάπας ἀντήλλαξαν λόγους ἀγάπης καὶ εἰρήνης καὶ ἐξέφρασαν τὴν εὐχὴν ὅπως αἱ δύο Ἐκκλησίαι ὁδηγηθοῦν πρὸς τὴν ἑνότητα ἐν τῇ πίστει τοῦ Κυρίου. Ἡ ἱστορικὴ αὐτὴ συνάντησις ἔλαβε χώραν εἰς τὴν Ἱερουσαλὴμ καὶ παρηκολουθήθη ὑπὸ πολλῶν πιστῶν ἀμφοτέρων τῶν δογμάτων. Κατὰ τὴν διάρκειαν τῆς συναντήσεως ὁ Πατριάρχης καὶ ὁ Πάπας ἀντήλλαξαν λόγους ἀγάπης καὶ εἰρήνης καὶ ἐξέφρασαν τὴν εὐχὴν ὅπως αἱ δύο Ἐκκλησίαι ὁδηγηθοῦν πρὸς τὴν ἑνότητα ἐν τῇ πίστει τοῦ Κυρίου. Ἡ ἱστορικὴ αὐτὴ συνάντησις ἔλαβε χώραν εἰς τὴν Ἱερουσαλὴμ καὶ παρηκολουθήθη ὑπὸ πολλῶν πιστῶν ἀμφοτέρων τῶν δογμάτων. Κατὰ τὴν διάρκειαν τῆς συναντήσεως ὁ Πατριάρχης καὶ ὁ Πάπας ἀντήλλαξαν λόγους ἀγάπης καὶ εἰρήνης καὶ ἐξέφρασαν τὴν εὐχὴν ὅπως αἱ δύο Ἐκκλησίαι ὁδηγηθοῦν πρὸς τὴν ἑνότητα ἐν τῇ πίστει τοῦ Κυρίου. Ἡ ἱστορικὴ αὐτὴ συνάντησις ἔλαβε χώραν εἰς τὴν Ἱερουσαλὴμ καὶ παρηκολουθήθη ὑπὸ πολλῶν πιστῶν ἀμφοτέρων τῶν δογμάτων.
Κατὰ τὴν διάρκειαν τῆς συναντήσεως ὁ Πατριάρχης καὶ ὁ Πάπας ἀντήλλαξαν λόγους ἀγάπης καὶ εἰρήνης καὶ ἐξέφρασαν τὴν εὐχὴν ὅπως αἱ δύο Ἐκκλησίαι ὁδηγηθοῦν πρὸς τὴν ἑνότητα ἐν τῇ πίστει τοῦ Κυρίου. Ἡ ἱστορικὴ αὐτὴ συνάντησις ἔλαβε χώραν εἰς τὴν Ἱερουσαλὴμ καὶ παρηκολουθήθη ὑπὸ πολλῶν πιστῶν ἀμφοτέρων τῶν δογμάτων. Κατὰ τὴν διάρκειαν τῆς συναντήσεως ὁ Πατριάρχης καὶ ὁ Πάπας ἀντήλλαξαν λόγους ἀγάπης καὶ εἰρήνης καὶ ἐξέφρασαν τὴν εὐχὴν ὅπως αἱ δύο Ἐκκλησίαι ὁδηγηθοῦν πρὸς τὴν ἑνότητα ἐν τῇ πίστει τοῦ Κυρίου. Ἡ ἱστορικὴ αὐτὴ συνάντησις ἔλαβε χώραν εἰς τὴν Ἱερουσαλὴμ καὶ παρηκολουθήθη ὑπὸ πολλῶν πιστῶν ἀμφοτέρων τῶν δογμάτων. Κατὰ τὴν διάρκειαν τῆς συναντήσεως ὁ Πατριάρχης καὶ ὁ Πάπας ἀντήλλαξαν λόγους ἀγάπης καὶ εἰρήνης καὶ ἐξέφρασαν τὴν εὐχὴν ὅπως αἱ δύο Ἐκκλησίαι ὁδηγηθοῦν πρὸς τὴν ἑνότητα ἐν τῇ πίστει τοῦ Κυρίου. Ἡ ἱστορικὴ αὐτὴ συνάντησις ἔλαβε χώραν εἰς τὴν Ἱερουσαλὴμ καὶ παρηκολουθήθη ὑπὸ πολλῶν πιστῶν ἀμφοτέρων τῶν δογμάτων.
Τὸ κοινὸν ἀνακοινωθὲν
Κατὰ τὴν διάρκειαν τῆς συναντήσεως ὁ Πατριάρχης καὶ ὁ Πάπας ἀντήλλαξαν λόγους ἀγάπης καὶ εἰρήνης καὶ ἐξέφρασαν τὴν εὐχὴν ὅπως αἱ δύο Ἐκκλησίαι ὁδηγηθοῦν πρὸς τὴν ἑνότητα ἐν τῇ πίστει τοῦ Κυρίου. Ἡ ἱστορικὴ αὐτὴ συνάντησις ἔλαβε χώραν εἰς τὴν Ἱερουσαλὴμ καὶ παρηκολουθήθη ὑπὸ πολλῶν πιστῶν ἀμφοτέρων τῶν δογμάτων. Κατὰ τὴν διάρκειαν τῆς συναντήσεως ὁ Πατριάρχης καὶ ὁ Πάπας ἀντήλλαξαν λόγους ἀγάπης καὶ εἰρήνης καὶ ἐξέφρασαν τὴν εὐχὴν ὅπως αἱ δύο Ἐκκλησίαι ὁδηγηθοῦν πρὸς τὴν ἑνότητα ἐν τῇ πίστει τοῦ Κυρίου. Ἡ ἱστορικὴ αὐτὴ συνάντησις ἔλαβε χώραν εἰς τὴν Ἱερουσαλὴμ καὶ παρηκολουθήθη ὑπὸ πολλῶν πιστῶν ἀμφοτέρων τῶν δογμάτων. Κατὰ τὴν διάρκειαν τῆς συναντήσεως ὁ Πατριάρχης καὶ ὁ Πάπας ἀντήλλαξαν λόγους ἀγάπης καὶ εἰρήνης καὶ ἐξέφρασαν τὴν εὐχὴν ὅπως αἱ δύο Ἐκκλησίαι ὁδηγηθοῦν πρὸς τὴν ἑνότητα ἐν τῇ πίστει τοῦ Κυρίου. Ἡ ἱστορικὴ αὐτὴ συνάντησις ἔλαβε χώραν εἰς τὴν Ἱερουσαλὴμ καὶ παρηκολουθήθη ὑπὸ πολλῶν πιστῶν ἀμφοτέρων τῶν δογμάτων. Κατὰ τὴν διάρκειαν τῆς συναντήσεως ὁ Πατριάρχης καὶ ὁ Πάπας ἀντήλλαξαν λόγους ἀγάπης καὶ εἰρήνης καὶ ἐξέφρασαν τὴν εὐχὴν ὅπως αἱ δύο Ἐκκλησίαι ὁδηγηθοῦν πρὸς τὴν ἑνότητα ἐν τῇ πίστει τοῦ Κυρίου. Ἡ ἱστορικὴ αὐτὴ συνάντησις ἔλαβε χώραν εἰς τὴν Ἱερουσαλὴμ καὶ παρηκολουθήθη ὑπὸ πολλῶν πιστῶν ἀμφοτέρων τῶν δογμάτων. Κατὰ τὴν διάρκειαν τῆς συναντήσεως ὁ Πατριάρχης καὶ ὁ Πάπας ἀντήλλαξαν λόγους ἀγάπης καὶ εἰρήνης καὶ ἐξέφρασαν τὴν εὐχὴν ὅπως αἱ δύο Ἐκκλησίαι ὁδηγηθοῦν πρὸς τὴν ἑνότητα ἐν τῇ πίστει τοῦ Κυρίου. Ἡ ἱστορικὴ αὐτὴ συνάντησις ἔλαβε χώραν εἰς τὴν Ἱερουσαλὴμ καὶ παρηκολουθήθη ὑπὸ πολλῶν πιστῶν ἀμφοτέρων τῶν δογμάτων. Κατὰ τὴν διάρκειαν τῆς συναντήσεως ὁ Πατριάρχης καὶ ὁ Πάπας ἀντήλλαξαν λόγους ἀγάπης καὶ εἰρήνης καὶ ἐξέφρασαν τὴν εὐχὴν ὅπως αἱ δύο Ἐκκλησίαι ὁδηγηθοῦν πρὸς τὴν ἑνότητα ἐν τῇ πίστει τοῦ Κυρίου. Ἡ ἱστορικὴ αὐτὴ συνάντησις ἔλαβε χώραν εἰς τὴν Ἱερουσαλὴμ καὶ παρηκολουθήθη ὑπὸ πολλῶν πιστῶν ἀμφοτέρων τῶν δογμάτων. Κατὰ τὴν διάρκειαν τῆς συναντήσεως ὁ Πατριάρχης καὶ ὁ Πάπας ἀντήλλαξαν λόγους ἀγάπης καὶ εἰρήνης καὶ ἐξέφρασαν τὴν εὐχὴν ὅπως αἱ δύο Ἐκκλησίαι ὁδηγηθοῦν πρὸς τὴν ἑνότητα ἐν τῇ πίστει τοῦ Κυρίου. Ἡ ἱστορικὴ αὐτὴ συνάντησις ἔλαβε χώραν εἰς τὴν Ἱερουσαλὴμ καὶ παρηκολουθήθη ὑπὸ πολλῶν πιστῶν ἀμφοτέρων τῶν δογμάτων. Κατὰ τὴν διάρκειαν τῆς συναντήσεως ὁ Πατριάρχης καὶ ὁ Πάπας ἀντήλλαξαν λόγους ἀγάπης καὶ εἰρήνης καὶ ἐξέφρασαν τὴν εὐχὴν ὅπως αἱ δύο Ἐκκλησίαι ὁδηγηθοῦν πρὸς τὴν ἑνότητα ἐν τῇ πίστει τοῦ Κυρίου. Ἡ ἱστορικὴ αὐτὴ συνάντησις ἔλαβε χώραν εἰς τὴν Ἱερουσαλὴμ καὶ παρηκολουθήθη ὑπὸ πολλῶν πιστῶν ἀμφοτέρων τῶν δογμάτων. Κατὰ τὴν διάρκειαν τῆς συναντήσεως ὁ Πατριάρχης καὶ ὁ Πάπας ἀντήλλαξαν λόγους ἀγάπης καὶ εἰρήνης καὶ ἐξέφρασαν τὴν εὐχὴν ὅπως αἱ δύο Ἐκκλησίαι ὁδηγηθοῦν πρὸς τὴν ἑνότητα ἐν τῇ πίστει τοῦ Κυρίου. Ἡ ἱστορικὴ αὐτὴ συνάντησις ἔλαβε χώραν εἰς τὴν Ἱερουσαλὴμ καὶ παρηκολουθήθη ὑπὸ πολλῶν πιστῶν ἀμφοτέρων τῶν δογμάτων. Κατὰ τὴν διάρκειαν τῆς συναντήσεως ὁ Πατριάρχης καὶ ὁ Πάπας ἀντήλλαξαν λόγους ἀγάπης καὶ εἰρήνης καὶ ἐξέφρασαν τὴν εὐχὴν ὅπως αἱ δύο Ἐκκλησίαι ὁδηγηθοῦν πρὸς τὴν ἑνότητα ἐν τῇ πίστει τοῦ Κυρίου. Ἡ ἱστορικὴ αὐτὴ συνάντησις ἔλαβε χώραν εἰς τὴν Ἱερουσαλὴμ καὶ παρηκολουθήθη ὑπὸ πολλῶν πιστῶν ἀμφοτέρων τῶν δογμάτων.
Ἐκκλησις τοῦ Πάπα διὰ τὴν ἑνότητα
Κατὰ τὴν διάρκειαν τῆς συναντήσεως ὁ Πατριάρχης καὶ ὁ Πάπας ἀντήλλαξαν λόγους ἀγάπης καὶ εἰρήνης καὶ ἐξέφρασαν τὴν εὐχὴν ὅπως αἱ δύο Ἐκκλησίαι ὁδηγηθοῦν πρὸς τὴν ἑνότητα ἐν τῇ πίστει τοῦ Κυρίου. Ἡ ἱστορικὴ αὐτὴ συνάντησις ἔλαβε χώραν εἰς τὴν Ἱερουσαλὴμ καὶ παρηκολουθήθη ὑπὸ πολλῶν πιστῶν ἀμφοτέρων τῶν δογμάτων. Κατὰ τὴν διάρκειαν τῆς συναντήσεως ὁ Πατριάρχης καὶ ὁ Πάπας ἀντήλλαξαν λόγους ἀγάπης καὶ εἰρήνης καὶ ἐξέφρασαν τὴν εὐχὴν ὅπως αἱ δύο Ἐκκλησίαι ὁδηγηθοῦν πρὸς τὴν ἑνότητα ἐν τῇ πίστει τοῦ Κυρίου. Ἡ ἱστορικὴ αὐτὴ συνάντησις ἔλαβε χώραν εἰς τὴν Ἱερουσαλὴμ καὶ παρηκολουθήθη ὑπὸ πολλῶν πιστῶν ἀμφοτέρων τῶν δογμάτων. Κατὰ τὴν διάρκειαν τῆς συναντήσεως ὁ Πατριάρχης καὶ ὁ Πάπας ἀντήλλαξαν λόγους ἀγάπης καὶ εἰρήνης καὶ ἐξέφρασαν τὴν εὐχὴν ὅπως αἱ δύο Ἐκκλησίαι ὁδηγηθοῦν πρὸς τὴν ἑνότητα ἐν τῇ πίστει τοῦ Κυρίου. Ἡ ἱστορικὴ αὐτὴ συνάντησις ἔλαβε χώραν εἰς τὴν Ἱερουσαλὴμ καὶ παρηκολουθήθη ὑπὸ πολλῶν πιστῶν ἀμφοτέρων τῶν δογμάτων. Κατὰ τὴν διάρκειαν τῆς συναντήσεως ὁ Πατριάρχης καὶ ὁ Πάπας ἀντήλλαξαν λόγους ἀγάπης καὶ εἰρήνης καὶ ἐξέφρασαν τὴν εὐχὴν ὅπως αἱ δύο Ἐκκλησίαι ὁδηγηθοῦν πρὸς τὴν ἑνότητα ἐν τῇ πίστει τοῦ Κυρίου. Ἡ ἱστορικὴ αὐτὴ συνάντησις ἔλαβε χώραν εἰς τὴν Ἱερουσαλὴμ καὶ παρηκολουθήθη ὑπὸ πολλῶν πιστῶν ἀμφοτέρων τῶν δογμάτων. Κατὰ τὴν διάρκειαν τῆς συναντήσεως ὁ Πατριάρχης καὶ ὁ Πάπας ἀντήλλαξαν λόγους ἀγάπης καὶ εἰρήνης καὶ ἐξέφρασαν τὴν εὐχὴν ὅπως αἱ δύο Ἐκκλησίαι ὁδηγηθοῦν πρὸς τὴν ἑνότητα ἐν τῇ πίστει τοῦ Κυρίου. Ἡ ἱστορικὴ αὐτὴ συνάντησις ἔλαβε χώραν εἰς τὴν Ἱερουσαλὴμ καὶ παρηκολουθήθη ὑπὸ πολλῶν πιστῶν ἀμφοτέρων τῶν δογμάτων.
Εἰς Βηθλεὲμ
Κατὰ τὴν διάρκειαν τῆς συναντήσεως ὁ Πατριάρχης καὶ ὁ Πάπας ἀντήλλαξαν λόγους ἀγάπης καὶ εἰρήνης καὶ ἐξέφρασαν τὴν εὐχὴν ὅπως αἱ δύο Ἐκκλησίαι ὁδηγηθοῦν πρὸς τὴν ἑνότητα ἐν τῇ πίστει τοῦ Κυρίου. Ἡ ἱστορικὴ αὐτὴ συνάντησις ἔλαβε χώραν εἰς τὴν Ἱερουσαλὴμ καὶ παρηκολουθήθη ὑπὸ πολλῶν πιστῶν ἀμφοτέρων τῶν δογμάτων. Κατὰ τὴν διάρκειαν τῆς συναντήσεως ὁ Πατριάρχης καὶ ὁ Πάπας ἀντήλλαξαν λόγους ἀγάπης καὶ εἰρήνης καὶ ἐξέφρασαν τὴν εὐχὴν ὅπως αἱ δύο Ἐκκλησίαι ὁδηγηθοῦν πρὸς τὴν ἑνότητα ἐν τῇ πίστει τοῦ Κυρίου. Ἡ ἱστορικὴ αὐτὴ συνάντησις ἔλαβε χώραν εἰς τὴν Ἱερουσαλὴμ καὶ παρηκολουθήθη ὑπὸ πολλῶν πιστῶν ἀμφοτέρων τῶν δογμάτων. Κατὰ τὴν διάρκειαν τῆς συναντήσεως ὁ Πατριάρχης καὶ ὁ Πάπας ἀντήλλαξαν λόγους ἀγάπης καὶ εἰρήνης καὶ ἐξέφρασαν τὴν εὐχὴν ὅπως αἱ δύο Ἐκκλησίαι ὁδηγηθοῦν πρὸς τὴν ἑνότητα ἐν τῇ πίστει τοῦ Κυρίου. Ἡ ἱστορικὴ αὐτὴ συνάντησις ἔλαβε χώραν εἰς τὴν Ἱερουσαλὴμ καὶ παρηκολουθήθη ὑπὸ πολλῶν πιστῶν ἀμφοτέρων τῶν δογμάτων. Κατὰ τὴν διάρκειαν τῆς συναντήσεως ὁ Πατριάρχης καὶ ὁ Πάπας ἀντήλλαξαν λόγους ἀγάπης καὶ εἰρήνης καὶ ἐξέφρασαν τὴν εὐχὴν ὅπως αἱ δύο Ἐκκλησίαι ὁδηγηθοῦν πρὸς τὴν ἑνότητα ἐν τῇ πίστει τοῦ Κυρίου. Ἡ ἱστορικὴ αὐτὴ συνάντησις ἔλαβε χώραν εἰς τὴν Ἱερουσαλὴμ καὶ παρηκολουθήθη ὑπὸ πολλῶν πιστῶν ἀμφοτέρων τῶν δογμάτων. Κατὰ τὴν διάρκειαν τῆς συναντήσεως ὁ Πατριάρχης καὶ ὁ Πάπας ἀντήλλαξαν λόγους ἀγάπης καὶ εἰρήνης καὶ ἐξέφρασαν τὴν εὐχὴν ὅπως αἱ δύο Ἐκκλησίαι ὁδηγηθοῦν πρὸς τὴν ἑνότητα ἐν τῇ πίστει τοῦ Κυρίου. Ἡ ἱστορικὴ αὐτὴ συνάντησις ἔλαβε χώραν εἰς τὴν Ἱερουσαλὴμ καὶ παρηκολουθήθη ὑπὸ πολλῶν πιστῶν ἀμφοτέρων τῶν δογμάτων.
Ἡ χθεσινὴ ἡμέρα τοῦ Πάπα
Κατὰ τὴν διάρκειαν τῆς συναντήσεως ὁ Πατριάρχης καὶ ὁ Πάπας ἀντήλλαξαν λόγους ἀγάπης καὶ εἰρήνης καὶ ἐξέφρασαν τὴν εὐχὴν ὅπως αἱ δύο Ἐκκλησίαι ὁδηγηθοῦν πρὸς τὴν ἑνότητα ἐν τῇ πίστει τοῦ Κυρίου. Ἡ ἱστορικὴ αὐτὴ συνάντησις ἔλαβε χώραν εἰς τὴν Ἱερουσαλὴμ καὶ παρηκολουθήθη ὑπὸ πολλῶν πιστῶν ἀμφοτέρων τῶν δογμάτων. Κατὰ τὴν διάρκειαν τῆς συναντήσεως ὁ Πατριάρχης καὶ ὁ Πάπας ἀντήλλαξαν λόγους ἀγάπης καὶ εἰρήνης καὶ ἐξέφρασαν τὴν εὐχὴν ὅπως αἱ δύο Ἐκκλησίαι ὁδηγηθοῦν πρὸς τὴν ἑνότητα ἐν τῇ πίστει τοῦ Κυρίου. Ἡ ἱστορικὴ αὐτὴ συνάντησις ἔλαβε χώραν εἰς τὴν Ἱερουσαλὴμ καὶ παρηκολουθήθη ὑπὸ πολλῶν πιστῶν ἀμφοτέρων τῶν δογμάτων. Κατὰ τὴν διάρκειαν τῆς συναντήσεως ὁ Πατριάρχης καὶ ὁ Πάπας ἀντήλλαξαν λόγους ἀγάπης καὶ εἰρήνης καὶ ἐξέφρασαν τὴν εὐχὴν ὅπως αἱ δύο Ἐκκλησίαι ὁδηγηθοῦν πρὸς τὴν ἑνότητα ἐν τῇ πίστει τοῦ Κυρίου. Ἡ ἱστορικὴ αὐτὴ συνάντησις ἔλαβε χώραν εἰς τὴν Ἱερουσαλὴμ καὶ παρηκολουθήθη ὑπὸ πολλῶν πιστῶν ἀμφοτέρων τῶν δογμάτων. Κατὰ τὴν διάρκειαν τῆς συναντήσεως ὁ Πατριάρχης καὶ ὁ Πάπας ἀντήλλαξαν λόγους ἀγάπης καὶ εἰρήνης καὶ ἐξέφρασαν τὴν εὐχὴν ὅπως αἱ δύο Ἐκκλησίαι ὁδηγηθοῦν πρὸς τὴν ἑνότητα ἐν τῇ πίστει τοῦ Κυρίου. Ἡ ἱστορικὴ αὐτὴ συνάντησις ἔλαβε χώραν εἰς τὴν Ἱερουσαλὴμ καὶ παρηκολουθήθη ὑπὸ πολλῶν πιστῶν ἀμφοτέρων τῶν δογμάτων. Κατὰ τὴν διάρκειαν τῆς συναντήσεως ὁ Πατριάρχης καὶ ὁ Πάπας ἀντήλλαξαν λόγους ἀγάπης καὶ εἰρήνης καὶ ἐξέφρασαν τὴν εὐχὴν ὅπως αἱ δύο Ἐκκλησίαι ὁδηγηθοῦν πρὸς τὴν ἑνότητα ἐν τῇ πίστει τοῦ Κυρίου. Ἡ ἱστορικὴ αὐτὴ συνάντησις ἔλαβε χώραν εἰς τὴν Ἱερουσαλὴμ καὶ παρηκολουθήθη ὑπὸ πολλῶν πιστῶν ἀμφοτέρων τῶν δογμάτων. Κατὰ τὴν διάρκειαν τῆς συναντήσεως ὁ Πατριάρχης καὶ ὁ Πάπας ἀντήλλαξαν λόγους ἀγάπης καὶ εἰρήνης καὶ ἐξέφρασαν τὴν εὐχὴν ὅπως αἱ δύο Ἐκκλησίαι ὁδηγηθοῦν πρὸς τὴν ἑνότητα ἐν τῇ πίστει τοῦ Κυρίου. Ἡ ἱστορικὴ αὐτὴ συνάντησις ἔλαβε χώραν εἰς τὴν Ἱερουσαλὴμ καὶ παρηκολουθήθη ὑπὸ πολλῶν πιστῶν ἀμφοτέρων τῶν δογμάτων.
Κατὰ τὴν διάρκειαν τῆς συναντήσεως ὁ Πατριάρχης καὶ ὁ Πάπας ἀντήλλαξαν λόγους ἀγάπης καὶ εἰρήνης καὶ ἐξέφρασαν τὴν εὐχὴν ὅπως αἱ δύο Ἐκκλησίαι ὁδηγηθοῦν πρὸς τὴν ἑνότητα ἐν τῇ πίστει τοῦ Κυρίου. Ἡ ἱστορικὴ αὐτὴ συνάντησις ἔλαβε χώραν εἰς τὴν Ἱερουσαλὴμ καὶ παρηκολουθήθη ὑπὸ πολλῶν πιστῶν ἀμφοτέρων τῶν δογμάτων. Κατὰ τὴν διάρκειαν τῆς συναντήσεως ὁ Πατριάρχης καὶ ὁ Πάπας ἀντήλλαξαν λόγους ἀγάπης καὶ εἰρήνης καὶ ἐξέφρασαν τὴν εὐχὴν ὅπως αἱ δύο Ἐκκλησίαι ὁδηγηθοῦν πρὸς τὴν ἑνότητα ἐν τῇ πίστει τοῦ Κυρίου. Ἡ ἱστορικὴ αὐτὴ συνάντησις ἔλαβε χώραν εἰς τὴν Ἱερουσαλὴμ καὶ παρηκολουθήθη ὑπὸ πολλῶν πιστῶν ἀμφοτέρων τῶν δογμάτων. Κατὰ τὴν διάρκειαν τῆς συναντήσεως ὁ Πατριάρχης καὶ ὁ Πάπας ἀντήλλαξαν λόγους ἀγάπης καὶ εἰρήνης καὶ ἐξέφρασαν τὴν εὐχὴν ὅπως αἱ δύο Ἐκκλησίαι ὁδηγηθοῦν πρὸς τὴν ἑνότητα ἐν τῇ πίστει τοῦ Κυρίου. Ἡ ἱστορικὴ αὐτὴ συνάντησις ἔλαβε χώραν εἰς τὴν Ἱερουσαλὴμ καὶ παρηκολουθήθη ὑπὸ πολλῶν πιστῶν ἀμφοτέρων τῶν δογμάτων. Κατὰ τὴν διάρκειαν τῆς συναντήσεως ὁ Πατριάρχης καὶ ὁ Πάπας ἀντήλλαξαν λόγους ἀγάπης καὶ εἰρήνης καὶ ἐξέφρασαν τὴν εὐχὴν ὅπως αἱ δύο Ἐκκλησίαι ὁδηγηθοῦν πρὸς τὴν ἑνότητα ἐν τῇ πίστει τοῦ Κυρίου. Ἡ ἱστορικὴ αὐτὴ συνάντησις ἔλαβε χώραν εἰς τὴν Ἱερουσαλὴμ καὶ παρηκολουθήθη ὑπὸ πολλῶν πιστῶν ἀμφοτέρων τῶν δογμάτων. Κατὰ τὴν διάρκειαν τῆς συναντήσεως ὁ Πατριάρχης καὶ ὁ Πάπας ἀντήλλαξαν λόγους ἀγάπης καὶ εἰρήνης καὶ ἐξέφρασαν τὴν εὐχὴν ὅπως αἱ δύο Ἐκκλησίαι ὁδηγηθοῦν πρὸς τὴν ἑνότητα ἐν τῇ πίστει τοῦ Κυρίου. Ἡ ἱστορικὴ αὐτὴ συνάντησις ἔλαβε χώραν εἰς τὴν Ἱερουσαλὴμ καὶ παρηκολουθήθη ὑπὸ πολλῶν πιστῶν ἀμφοτέρων τῶν δογμάτων.
Πῶς σχολιάζεται ἡ ἱστορικὴ συνάντησις
Κατὰ τὴν διάρκειαν τῆς συναντήσεως ὁ Πατριάρχης καὶ ὁ Πάπας ἀντήλλαξαν λόγους ἀγάπης καὶ εἰρήνης καὶ ἐξέφρασαν τὴν εὐχὴν ὅπως αἱ δύο Ἐκκλησίαι ὁδηγηθοῦν πρὸς τὴν ἑνότητα ἐν τῇ πίστει τοῦ Κυρίου. Ἡ ἱστορικὴ αὐτὴ συνάντησις ἔλαβε χώραν εἰς τὴν Ἱερουσαλὴμ καὶ παρηκολουθήθη ὑπὸ πολλῶν πιστῶν ἀμφοτέρων τῶν δογμάτων. Κατὰ τὴν διάρκειαν τῆς συναντήσεως ὁ Πατριάρχης καὶ ὁ Πάπας ἀντήλλαξαν λόγους ἀγάπης καὶ εἰρήνης καὶ ἐξέφρασαν τὴν εὐχὴν ὅπως αἱ δύο Ἐκκλησίαι ὁδηγηθοῦν πρὸς τὴν ἑνότητα ἐν τῇ πίστει τοῦ Κυρίου. Ἡ ἱστορικὴ αὐτὴ συνάντησις ἔλαβε χώραν εἰς τὴν Ἱερουσαλὴμ καὶ παρηκολουθήθη ὑπὸ πολλῶν πιστῶν ἀμφοτέρων τῶν δογμάτων. Κατὰ τὴν διάρκειαν τῆς συναντήσεως ὁ Πατριάρχης καὶ ὁ Πάπας ἀντήλλαξαν λόγους ἀγάπης καὶ εἰρήνης καὶ ἐξέφρασαν τὴν εὐχὴν ὅπως αἱ δύο Ἐκκλησίαι ὁδηγηθοῦν πρὸς τὴν ἑνότητα ἐν τῇ πίστει τοῦ Κυρίου. Ἡ ἱστορικὴ αὐτὴ συνάντησις ἔλαβε χώραν εἰς τὴν Ἱερουσαλὴμ καὶ παρηκολουθήθη ὑπὸ πολλῶν πιστῶν ἀμφοτέρων τῶν δογμάτων. Κατὰ τὴν διάρκειαν τῆς συναντήσεως ὁ Πατριάρχης καὶ ὁ Πάπας ἀντήλλαξαν λόγους ἀγάπης καὶ εἰρήνης καὶ ἐξέφρασαν τὴν εὐχὴν ὅπως αἱ δύο Ἐκκλησίαι ὁδηγηθοῦν πρὸς τὴν ἑνότητα ἐν τῇ πίστει τοῦ Κυρίου. Ἡ ἱστορικὴ αὐτὴ συνάντησις ἔλαβε χώραν εἰς τὴν Ἱερουσαλὴμ καὶ παρηκολουθήθη ὑπὸ πολλῶν πιστῶν ἀμφοτέρων τῶν δογμάτων.
Θ' ἀναγνωρισθῆ ὡς Προκαθήμενος;
Κατὰ τὴν διάρκειαν τῆς συναντήσεως ὁ Πατριάρχης καὶ ὁ Πάπας ἀντήλλαξαν λόγους ἀγάπης καὶ εἰρήνης καὶ ἐξέφρασαν τὴν εὐχὴν ὅπως αἱ δύο Ἐκκλησίαι ὁδηγηθοῦν πρὸς τὴν ἑνότητα ἐν τῇ πίστει τοῦ Κυρίου. Ἡ ἱστορικὴ αὐτὴ συνάντησις ἔλαβε χώραν εἰς τὴν Ἱερουσαλὴμ καὶ παρηκολουθήθη ὑπὸ πολλῶν πιστῶν ἀμφοτέρων τῶν δογμάτων. Κατὰ τὴν διάρκειαν τῆς συναντήσεως ὁ Πατριάρχης καὶ ὁ Πάπας ἀντήλλαξαν λόγους ἀγάπης καὶ εἰρήνης καὶ ἐξέφρασαν τὴν εὐχὴν ὅπως αἱ δύο Ἐκκλησίαι ὁδηγηθοῦν πρὸς τὴν ἑνότητα ἐν τῇ πίστει τοῦ Κυρίου. Ἡ ἱστορικὴ αὐτὴ συνάντησις ἔλαβε χώραν εἰς τὴν Ἱερουσαλὴμ καὶ παρηκολουθήθη ὑπὸ πολλῶν πιστῶν ἀμφοτέρων τῶν δογμάτων. Κατὰ τὴν διάρκειαν τῆς συναντήσεως ὁ Πατριάρχης καὶ ὁ Πάπας ἀντήλλαξαν λόγους ἀγάπης καὶ εἰρήνης καὶ ἐξέφρασαν τὴν εὐχὴν ὅπως αἱ δύο Ἐκκλησίαι ὁδηγηθοῦν πρὸς τὴν ἑνότητα ἐν τῇ πίστει τοῦ Κυρίου. Ἡ ἱστορικὴ αὐτὴ συνάντησις ἔλαβε χώραν εἰς τὴν Ἱερουσαλὴμ καὶ παρηκολουθήθη ὑπὸ πολλῶν πιστῶν ἀμφοτέρων τῶν δογμάτων. Κατὰ τὴν διάρκειαν τῆς συναντήσεως ὁ Πατριάρχης καὶ ὁ Πάπας ἀντήλλαξαν λόγους ἀγάπης καὶ εἰρήνης καὶ ἐξέφρασαν τὴν εὐχὴν ὅπως αἱ δύο Ἐκκλησίαι ὁδηγηθοῦν πρὸς τὴν ἑνότητα ἐν τῇ πίστει τοῦ Κυρίου. Ἡ ἱστορικὴ αὐτὴ συνάντησις ἔλαβε χώραν εἰς τὴν Ἱερουσαλὴμ καὶ παρηκολουθήθη ὑπὸ πολλῶν πιστῶν ἀμφοτέρων τῶν δογμάτων. Κατὰ τὴν διάρκειαν τῆς συναντήσεως ὁ Πατριάρχης καὶ ὁ Πάπας ἀντήλλαξαν λόγους ἀγάπης καὶ εἰρήνης καὶ ἐξέφρασαν τὴν εὐχὴν ὅπως αἱ δύο Ἐκκλησίαι ὁδηγηθοῦν πρὸς τὴν ἑνότητα ἐν τῇ πίστει τοῦ Κυρίου. Ἡ ἱστορικὴ αὐτὴ συνάντησις ἔλαβε χώραν εἰς τὴν Ἱερουσαλὴμ καὶ παρηκολουθήθη ὑπὸ πολλῶν πιστῶν ἀμφοτέρων τῶν δογμάτων.
Ἡ ἀντίδρασις εἰς Ἐκκλησίας τῆς Ἑλλάδος
Κατὰ τὴν διάρκειαν τῆς συναντήσεως ὁ Πατριάρχης καὶ ὁ Πάπας ἀντήλλαξαν λόγους ἀγάπης καὶ εἰρήνης καὶ ἐξέφρασαν τὴν εὐχὴν ὅπως αἱ δύο Ἐκκλησίαι ὁδηγηθοῦν πρὸς τὴν ἑνότητα ἐν τῇ πίστει τοῦ Κυρίου. Ἡ ἱστορικὴ αὐτὴ συνάντησις ἔλαβε χώραν εἰς τὴν Ἱερουσαλὴμ καὶ παρηκολουθήθη ὑπὸ πολλῶν πιστῶν ἀμφοτέρων τῶν δογμάτων. Κατὰ τὴν διάρκειαν τῆς συναντήσεως ὁ Πατριάρχης καὶ ὁ Πάπας ἀντήλλαξαν λόγους ἀγάπης καὶ εἰρήνης καὶ ἐξέφρασαν τὴν εὐχὴν ὅπως αἱ δύο Ἐκκλησίαι ὁδηγηθοῦν πρὸς τὴν ἑνότητα ἐν τῇ πίστει τοῦ Κυρίου. Ἡ ἱστορικὴ αὐτὴ συνάντησις ἔλαβε χώραν εἰς τὴν Ἱερουσαλὴμ καὶ παρηκολουθήθη ὑπὸ πολλῶν πιστῶν ἀμφοτέρων τῶν δογμάτων. Κατὰ τὴν διάρκειαν τῆς συναντήσεως ὁ Πατριάρχης καὶ ὁ Πάπας ἀντήλλαξαν λόγους ἀγάπης καὶ εἰρήνης καὶ ἐξέφρασαν τὴν εὐχὴν ὅπως αἱ δύο Ἐκκλησίαι ὁδηγηθοῦν πρὸς τὴν ἑνότητα ἐν τῇ πίστει τοῦ Κυρίου. Ἡ ἱστορικὴ αὐτὴ συνάντησις ἔλαβε χώραν εἰς τὴν Ἱερουσαλὴμ καὶ παρηκολουθήθη ὑπὸ πολλῶν πιστῶν ἀμφοτέρων τῶν δογμάτων. Κατὰ τὴν διάρκειαν τῆς συναντήσεως ὁ Πατριάρχης καὶ ὁ Πάπας ἀντήλλαξαν λόγους ἀγάπης καὶ εἰρήνης καὶ ἐξέφρασαν τὴν εὐχὴν ὅπως αἱ δύο Ἐκκλησίαι ὁδηγηθοῦν πρὸς τὴν ἑνότητα ἐν τῇ πίστει τοῦ Κυρίου. Ἡ ἱστορικὴ αὐτὴ συνάντησις ἔλαβε χώραν εἰς τὴν Ἱερουσαλὴμ καὶ παρηκολουθήθη ὑπὸ πολλῶν πιστῶν ἀμφοτέρων τῶν δογμάτων.
Ἐπὶ ἴσοις ὅροις
Κατὰ τὴν διάρκειαν τῆς συναντήσεως ὁ Πατριάρχης καὶ ὁ Πάπας ἀντήλλαξαν λόγους ἀγάπης καὶ εἰρήνης καὶ ἐξέφρασαν τὴν εὐχὴν ὅπως αἱ δύο Ἐκκλησίαι ὁδηγηθοῦν πρὸς τὴν ἑνότητα ἐν τῇ πίστει τοῦ Κυρίου. Ἡ ἱστορικὴ αὐτὴ συνάντησις ἔλαβε χώραν εἰς τὴν Ἱερουσαλὴμ καὶ παρηκολουθήθη ὑπὸ πολλῶν πιστῶν ἀμφοτέρων τῶν δογμάτων. Κατὰ τὴν διάρκειαν τῆς συναντήσεως ὁ Πατριάρχης καὶ ὁ Πάπας ἀντήλλαξαν λόγους ἀγάπης καὶ εἰρήνης καὶ ἐξέφρασαν τὴν εὐχὴν ὅπως αἱ δύο Ἐκκλησίαι ὁδηγηθοῦν πρὸς τὴν ἑνότητα ἐν τῇ πίστει τοῦ Κυρίου. Ἡ ἱστορικὴ αὐτὴ συνάντησις ἔλαβε χώραν εἰς τὴν Ἱερουσαλὴμ καὶ παρηκολουθήθη ὑπὸ πολλῶν πιστῶν ἀμφοτέρων τῶν δογμάτων. Κατὰ τὴν διάρκειαν τῆς συναντήσεως ὁ Πατριάρχης καὶ ὁ Πάπας ἀντήλλαξαν λόγους ἀγάπης καὶ εἰρήνης καὶ ἐξέφρασαν τὴν εὐχὴν ὅπως αἱ δύο Ἐκκλησίαι ὁδηγηθοῦν πρὸς τὴν ἑνότητα ἐν τῇ πίστει τοῦ Κυρίου. Ἡ ἱστορικὴ αὐτὴ συνάντησις ἔλαβε χώραν εἰς τὴν Ἱερουσαλὴμ καὶ παρηκολουθήθη ὑπὸ πολλῶν πιστῶν ἀμφοτέρων τῶν δογμάτων.
Δὲν ὑφίστανται διαφοραί
Κατὰ τὴν διάρκειαν τῆς συναντήσεως ὁ Πατριάρχης καὶ ὁ Πάπας ἀντήλλαξαν λόγους ἀγάπης καὶ εἰρήνης καὶ ἐξέφρασαν τὴν εὐχὴν ὅπως αἱ δύο Ἐκκλησίαι ὁδηγηθοῦν πρὸς τὴν ἑνότητα ἐν τῇ πίστει τοῦ Κυρίου. Ἡ ἱστορικὴ αὐτὴ συνάντησις ἔλαβε χώραν εἰς τὴν Ἱερουσαλὴμ καὶ παρηκολουθήθη ὑπὸ πολλῶν πιστῶν ἀμφοτέρων τῶν δογμάτων. Κατὰ τὴν διάρκειαν τῆς συναντήσεως ὁ Πατριάρχης καὶ ὁ Πάπας ἀντήλλαξαν λόγους ἀγάπης καὶ εἰρήνης καὶ ἐξέφρασαν τὴν εὐχὴν ὅπως αἱ δύο Ἐκκλησίαι ὁδηγηθοῦν πρὸς τὴν ἑνότητα ἐν τῇ πίστει τοῦ Κυρίου. Ἡ ἱστορικὴ αὐτὴ συνάντησις ἔλαβε χώραν εἰς τὴν Ἱερουσαλὴμ καὶ παρηκολουθήθη ὑπὸ πολλῶν πιστῶν ἀμφοτέρων τῶν δογμάτων. Κατὰ τὴν διάρκειαν τῆς συναντήσεως ὁ Πατριάρχης καὶ ὁ Πάπας ἀντήλλαξαν λόγους ἀγάπης καὶ εἰρήνης καὶ ἐξέφρασαν τὴν εὐχὴν ὅπως αἱ δύο Ἐκκλησίαι ὁδηγηθοῦν πρὸς τὴν ἑνότητα ἐν τῇ πίστει τοῦ Κυρίου. Ἡ ἱστορικὴ αὐτὴ συνάντησις ἔλαβε χώραν εἰς τὴν Ἱερουσαλὴμ καὶ παρηκολουθήθη ὑπὸ πολλῶν πιστῶν ἀμφοτέρων τῶν δογμάτων.
Ἡ Ἐκκλησία τῆς Ἑλλάδος ἡ πλέον ἀντιδραστική
Κατὰ τὴν διάρκειαν τῆς συναντήσεως ὁ Πατριάρχης καὶ ὁ Πάπας ἀντήλλαξαν λόγους ἀγάπης καὶ εἰρήνης καὶ ἐξέφρασαν τὴν εὐχὴν ὅπως αἱ δύο Ἐκκλησίαι ὁδηγηθοῦν πρὸς τὴν ἑνότητα ἐν τῇ πίστει τοῦ Κυρίου. Ἡ ἱστορικὴ αὐτὴ συνάντησις ἔλαβε χώραν εἰς τὴν Ἱερουσαλὴμ καὶ παρηκολουθήθη ὑπὸ πολλῶν πιστῶν ἀμφοτέρων τῶν δογμάτων. Κατὰ τὴν διάρκειαν τῆς συναντήσεως ὁ Πατριάρχης καὶ ὁ Πάπας ἀντήλλαξαν λόγους ἀγάπης καὶ εἰρήνης καὶ ἐξέφρασαν τὴν εὐχὴν ὅπως αἱ δύο Ἐκκλησίαι ὁδηγηθοῦν πρὸς τὴν ἑνότητα ἐν τῇ πίστει τοῦ Κυρίου. Ἡ ἱστορικὴ αὐτὴ συνάντησις ἔλαβε χώραν εἰς τὴν Ἱερουσαλὴμ καὶ παρηκολουθήθη ὑπὸ πολλῶν πιστῶν ἀμφοτέρων τῶν δογμάτων. Κατὰ τὴν διάρκειαν τῆς συναντήσεως ὁ Πατριάρχης καὶ ὁ Πάπας ἀντήλλαξαν λόγους ἀγάπης καὶ εἰρήνης καὶ ἐξέφρασαν τὴν εὐχὴν ὅπως αἱ δύο Ἐκκλησίαι ὁδηγηθοῦν πρὸς τὴν ἑνότητα ἐν τῇ πίστει τοῦ Κυρίου. Ἡ ἱστορικὴ αὐτὴ συνάντησις ἔλαβε χώραν εἰς τὴν Ἱερουσαλὴμ καὶ παρηκολουθήθη ὑπὸ πολλῶν πιστῶν ἀμφοτέρων τῶν δογμάτων. Κατὰ τὴν διάρκειαν τῆς συναντήσεως ὁ Πατριάρχης καὶ ὁ Πάπας ἀντήλλαξαν λόγους ἀγάπης καὶ εἰρήνης καὶ ἐξέφρασαν τὴν εὐχὴν ὅπως αἱ δύο Ἐκκλησίαι ὁδηγηθοῦν πρὸς τὴν ἑνότητα ἐν τῇ πίστει τοῦ Κυρίου. Ἡ ἱστορικὴ αὐτὴ συνάντησις ἔλαβε χώραν εἰς τὴν Ἱερουσαλὴμ καὶ παρηκολουθήθη ὑπὸ πολλῶν πιστῶν ἀμφοτέρων τῶν δογμάτων.
Ἡ ἀναχώρησις τοῦ
Κατὰ τὴν διάρκειαν τῆς συναντήσεως ὁ Πατριάρχης καὶ ὁ Πάπας ἀντήλλαξαν λόγους ἀγάπης καὶ εἰρήνης καὶ ἐξέφρασαν τὴν εὐχὴν ὅπως αἱ δύο Ἐκκλησίαι ὁδηγηθοῦν πρὸς τὴν ἑνότητα ἐν τῇ πίστει τοῦ Κυρίου. Ἡ ἱστορικὴ αὐτὴ συνάντησις ἔλαβε χώραν εἰς τὴν Ἱερουσαλὴμ καὶ παρηκολουθήθη ὑπὸ πολλῶν πιστῶν ἀμφοτέρων τῶν δογμάτων. Κατὰ τὴν διάρκειαν τῆς συναντήσεως ὁ Πατριάρχης καὶ ὁ Πάπας ἀντήλλαξαν λόγους ἀγάπης καὶ εἰρήνης καὶ ἐξέφρασαν τὴν εὐχὴν ὅπως αἱ δύο Ἐκκλησίαι ὁδηγηθοῦν πρὸς τὴν ἑνότητα ἐν τῇ πίστει τοῦ Κυρίου. Ἡ ἱστορικὴ αὐτὴ συνάντησις ἔλαβε χώραν εἰς τὴν Ἱερουσαλὴμ καὶ παρηκολουθήθη ὑπὸ πολλῶν πιστῶν ἀμφοτέρων τῶν δογμάτων. Κατὰ τὴν διάρκειαν τῆς συναντήσεως ὁ Πατριάρχης καὶ ὁ Πάπας ἀντήλλαξαν λόγους ἀγάπης καὶ εἰρήνης καὶ ἐξέφρασαν τὴν εὐχὴν ὅπως αἱ δύο Ἐκκλησίαι ὁδηγηθοῦν πρὸς τὴν ἑνότητα ἐν τῇ πίστει τοῦ Κυρίου. Ἡ ἱστορικὴ αὐτὴ συνάντησις ἔλαβε χώραν εἰς τὴν Ἱερουσαλὴμ καὶ παρηκολουθήθη ὑπὸ πολλῶν πιστῶν ἀμφοτέρων τῶν δογμάτων.
Κηδεῖαι
Κατὰ τὴν διάρκειαν τῆς συναντήσεως ὁ Πατριάρχης καὶ ὁ Πάπας ἀντήλλαξαν λόγους ἀγάπης καὶ εἰρήνης καὶ ἐξέφρασαν τὴν εὐχὴν ὅπως αἱ δύο Ἐκκλησίαι ὁδηγηθοῦν πρὸς τὴν ἑνότητα ἐν τῇ πίστει τοῦ Κυρίου. Ἡ ἱστορικὴ αὐτὴ συνάντησις ἔλαβε χώραν εἰς τὴν Ἱερουσαλὴμ καὶ παρηκολουθήθη ὑπὸ πολλῶν πιστῶν ἀμφοτέρων τῶν δογμάτων. Κατὰ τὴν διάρκειαν τῆς συναντήσεως ὁ Πατριάρχης καὶ ὁ Πάπας ἀντήλλαξαν λόγους ἀγάπης καὶ εἰρήνης καὶ ἐξέφρασαν τὴν εὐχὴν ὅπως αἱ δύο Ἐκκλησίαι ὁδηγηθοῦν πρὸς τὴν ἑνότητα ἐν τῇ πίστει τοῦ Κυρίου. Ἡ ἱστορικὴ αὐτὴ συνάντησις ἔλαβε χώραν εἰς τὴν Ἱερουσαλὴμ καὶ παρηκολουθήθη ὑπὸ πολλῶν πιστῶν ἀμφοτέρων τῶν δογμάτων.
Ὁ Πατριάρχης θὰ μεταβῆ εἰς Φλωρεντίαν
Κατὰ τὴν διάρκειαν τῆς συναντήσεως ὁ Πατριάρχης καὶ ὁ Πάπας ἀντήλλαξαν λόγους ἀγάπης καὶ εἰρήνης καὶ ἐξέφρασαν τὴν εὐχὴν ὅπως αἱ δύο Ἐκκλησίαι ὁδηγηθοῦν πρὸς τὴν ἑνότητα ἐν τῇ πίστει τοῦ Κυρίου. Ἡ ἱστορικὴ αὐτὴ συνάντησις ἔλαβε χώραν εἰς τὴν Ἱερουσαλὴμ καὶ παρηκολουθήθη ὑπὸ πολλῶν πιστῶν ἀμφοτέρων τῶν δογμάτων. Κατὰ τὴν διάρκειαν τῆς συναντήσεως ὁ Πατριάρχης καὶ ὁ Πάπας ἀντήλλαξαν λόγους ἀγάπης καὶ εἰρήνης καὶ ἐξέφρασαν τὴν εὐχὴν ὅπως αἱ δύο Ἐκκλησίαι ὁδηγηθοῦν πρὸς τὴν ἑνότητα ἐν τῇ πίστει τοῦ Κυρίου. Ἡ ἱστορικὴ αὐτὴ συνάντησις ἔλαβε χώραν εἰς τὴν Ἱερουσαλὴμ καὶ παρηκολουθήθη ὑπὸ πολλῶν πιστῶν ἀμφοτέρων τῶν δογμάτων.
Θὰ στείλη ἀντιπροσώπους;
Κατὰ τὴν διάρκειαν τῆς συναντήσεως ὁ Πατριάρχης καὶ ὁ Πάπας ἀντήλλαξαν λόγους ἀγάπης καὶ εἰρήνης καὶ ἐξέφρασαν τὴν εὐχὴν ὅπως αἱ δύο Ἐκκλησίαι ὁδηγηθοῦν πρὸς τὴν ἑνότητα ἐν τῇ πίστει τοῦ Κυρίου. Ἡ ἱστορικὴ αὐτὴ συνάντησις ἔλαβε χώραν εἰς τὴν Ἱερουσαλὴμ καὶ παρηκολουθήθη ὑπὸ πολλῶν πιστῶν ἀμφοτέρων τῶν δογμάτων.
Κατὰ τὴν διάρκειαν τῆς συναντήσεως ὁ Πατριάρχης καὶ ὁ Πάπας ἀντήλλαξαν λόγους ἀγάπης καὶ εἰρήνης καὶ ἐξέφρασαν τὴν εὐχὴν ὅπως αἱ δύο Ἐκκλησίαι ὁδηγηθοῦν πρὸς τὴν ἑνότητα ἐν τῇ πίστει τοῦ Κυρίου. Ἡ ἱστορικὴ αὐτὴ συνάντησις ἔλαβε χώραν εἰς τὴν Ἱερουσαλὴμ καὶ παρηκολουθήθη ὑπὸ πολλῶν πιστῶν ἀμφοτέρων τῶν δογμάτων. Κατὰ τὴν διάρκειαν τῆς συναντήσεως ὁ Πατριάρχης καὶ ὁ Πάπας ἀντήλλαξαν λόγους ἀγάπης καὶ εἰρήνης καὶ ἐξέφρασαν τὴν εὐχὴν ὅπως αἱ δύο Ἐκκλησίαι ὁδηγηθοῦν πρὸς τὴν ἑνότητα ἐν τῇ πίστει τοῦ Κυρίου. Ἡ ἱστορικὴ αὐτὴ συνάντησις ἔλαβε χώραν εἰς τὴν Ἱερουσαλὴμ καὶ παρηκολουθήθη ὑπὸ πολλῶν πιστῶν ἀμφοτέρων τῶν δογμάτων.
Ἡ ἐπιστροφὴ
Κατὰ τὴν διάρκειαν τῆς συναντήσεως ὁ Πατριάρχης καὶ ὁ Πάπας ἀντήλλαξαν λόγους ἀγάπης καὶ εἰρήνης καὶ ἐξέφρασαν τὴν εὐχὴν ὅπως αἱ δύο Ἐκκλησίαι ὁδηγηθοῦν πρὸς τὴν ἑνότητα ἐν τῇ πίστει τοῦ Κυρίου. Ἡ ἱστορικὴ αὐτὴ συνάντησις ἔλαβε χώραν εἰς τὴν Ἱερουσαλὴμ καὶ παρηκολουθήθη ὑπὸ πολλῶν πιστῶν ἀμφοτέρων τῶν δογμάτων. Κατὰ τὴν διάρκειαν τῆς συναντήσεως ὁ Πατριάρχης καὶ ὁ Πάπας ἀντήλλαξαν λόγους ἀγάπης καὶ εἰρήνης καὶ ἐξέφρασαν τὴν εὐχὴν ὅπως αἱ δύο Ἐκκλησίαι ὁδηγηθοῦν πρὸς τὴν ἑνότητα ἐν τῇ πίστει τοῦ Κυρίου. Ἡ ἱστορικὴ αὐτὴ συνάντησις ἔλαβε χώραν εἰς τὴν Ἱερουσαλὴμ καὶ παρηκολουθήθη ὑπὸ πολλῶν πιστῶν ἀμφοτέρων τῶν δογμάτων. Κατὰ τὴν διάρκειαν τῆς συναντήσεως ὁ Πατριάρχης καὶ ὁ Πάπας ἀντήλλαξαν λόγους ἀγάπης καὶ εἰρήνης καὶ ἐξέφρασαν τὴν εὐχὴν ὅπως αἱ δύο Ἐκκλησίαι ὁδηγηθοῦν πρὸς τὴν ἑνότητα ἐν τῇ πίστει τοῦ Κυρίου. Ἡ ἱστορικὴ αὐτὴ συνάντησις ἔλαβε χώραν εἰς τὴν Ἱερουσαλὴμ καὶ παρηκολουθήθη ὑπὸ πολλῶν πιστῶν ἀμφοτέρων τῶν δογμάτων. Κατὰ τὴν διάρκειαν τῆς συναντήσεως ὁ Πατριάρχης καὶ ὁ Πάπας ἀντήλλαξαν λόγους ἀγάπης καὶ εἰρήνης καὶ ἐξέφρασαν τὴν εὐχὴν ὅπως αἱ δύο Ἐκκλησίαι ὁδηγηθοῦν πρὸς τὴν ἑνότητα ἐν τῇ πίστει τοῦ Κυρίου. Ἡ ἱστορικὴ αὐτὴ συνάντησις ἔλαβε χώραν εἰς τὴν Ἱερουσαλὴμ καὶ παρηκολουθήθη ὑπὸ πολλῶν πιστῶν ἀμφοτέρων τῶν δογμάτων. Κατὰ τὴν διάρκειαν τῆς συναντήσεως ὁ Πατριάρχης καὶ ὁ Πάπας ἀντήλλαξαν λόγους ἀγάπης καὶ εἰρήνης καὶ ἐξέφρασαν τὴν εὐχὴν ὅπως αἱ δύο Ἐκκλησίαι ὁδηγηθοῦν πρὸς τὴν ἑνότητα ἐν τῇ πίστει τοῦ Κυρίου. Ἡ ἱστορικὴ αὐτὴ συνάντησις ἔλαβε χώραν εἰς τὴν Ἱερουσαλὴμ καὶ παρηκολουθήθη ὑπὸ πολλῶν πιστῶν ἀμφοτέρων τῶν δογμάτων.
Ἡ ἀντίδρασις ἐν Ἑλλάδι
Κατὰ τὴν διάρκειαν τῆς συναντήσεως ὁ Πατριάρχης καὶ ὁ Πάπας ἀντήλλαξαν λόγους ἀγάπης καὶ εἰρήνης καὶ ἐξέφρασαν τὴν εὐχὴν ὅπως αἱ δύο Ἐκκλησίαι ὁδηγηθοῦν πρὸς τὴν ἑνότητα ἐν τῇ πίστει τοῦ Κυρίου. Ἡ ἱστορικὴ αὐτὴ συνάντησις ἔλαβε χώραν εἰς τὴν Ἱερουσαλὴμ καὶ παρηκολουθήθη ὑπὸ πολλῶν πιστῶν ἀμφοτέρων τῶν δογμάτων. Κατὰ τὴν διάρκειαν τῆς συναντήσεως ὁ Πατριάρχης καὶ ὁ Πάπας ἀντήλλαξαν λόγους ἀγάπης καὶ εἰρήνης καὶ ἐξέφρασαν τὴν εὐχὴν ὅπως αἱ δύο Ἐκκλησίαι ὁδηγηθοῦν πρὸς τὴν ἑνότητα ἐν τῇ πίστει τοῦ Κυρίου. Ἡ ἱστορικὴ αὐτὴ συνάντησις ἔλαβε χώραν εἰς τὴν Ἱερουσαλὴμ καὶ παρηκολουθήθη ὑπὸ πολλῶν πιστῶν ἀμφοτέρων τῶν δογμάτων. Κατὰ τὴν διάρκειαν τῆς συναντήσεως ὁ Πατριάρχης καὶ ὁ Πάπας ἀντήλλαξαν λόγους ἀγάπης καὶ εἰρήνης καὶ ἐξέφρασαν τὴν εὐχὴν ὅπως αἱ δύο Ἐκκλησίαι ὁδηγηθοῦν πρὸς τὴν ἑνότητα ἐν τῇ πίστει τοῦ Κυρίου. Ἡ ἱστορικὴ αὐτὴ συνάντησις ἔλαβε χώραν εἰς τὴν Ἱερουσαλὴμ καὶ παρηκολουθήθη ὑπὸ πολλῶν πιστῶν ἀμφοτέρων τῶν δογμάτων. Κατὰ τὴν διάρκειαν τῆς συναντήσεως ὁ Πατριάρχης καὶ ὁ Πάπας ἀντήλλαξαν λόγους ἀγάπης καὶ εἰρήνης καὶ ἐξέφρασαν τὴν εὐχὴν ὅπως αἱ δύο Ἐκκλησίαι ὁδηγηθοῦν πρὸς τὴν ἑνότητα ἐν τῇ πίστει τοῦ Κυρίου. Ἡ ἱστορικὴ αὐτὴ συνάντησις ἔλαβε χώραν εἰς τὴν Ἱερουσαλὴμ καὶ παρηκολουθήθη ὑπὸ πολλῶν πιστῶν ἀμφοτέρων τῶν δογμάτων. Κατὰ τὴν διάρκειαν τῆς συναντήσεως ὁ Πατριάρχης καὶ ὁ Πάπας ἀντήλλαξαν λόγους ἀγάπης καὶ εἰρήνης καὶ ἐξέφρασαν τὴν εὐχὴν ὅπως αἱ δύο Ἐκκλησίαι ὁδηγηθοῦν πρὸς τὴν ἑνότητα ἐν τῇ πίστει τοῦ Κυρίου. Ἡ ἱστορικὴ αὐτὴ συνάντησις ἔλαβε χώραν εἰς τὴν Ἱερουσαλὴμ καὶ παρηκολουθήθη ὑπὸ πολλῶν πιστῶν ἀμφοτέρων τῶν δογμάτων. Κατὰ τὴν διάρκειαν τῆς συναντήσεως ὁ Πατριάρχης καὶ ὁ Πάπας ἀντήλλαξαν λόγους ἀγάπης καὶ εἰρήνης καὶ ἐξέφρασαν τὴν εὐχὴν ὅπως αἱ δύο Ἐκκλησίαι ὁδηγηθοῦν πρὸς τὴν ἑνότητα ἐν τῇ πίστει τοῦ Κυρίου. Ἡ ἱστορικὴ αὐτὴ συνάντησις ἔλαβε χώραν εἰς τὴν Ἱερουσαλὴμ καὶ παρηκολουθήθη ὑπὸ πολλῶν πιστῶν ἀμφοτέρων τῶν δογμάτων. Κατὰ τὴν διάρκειαν τῆς συναντήσεως ὁ Πατριάρχης καὶ ὁ Πάπας ἀντήλλαξαν λόγους ἀγάπης καὶ εἰρήνης καὶ ἐξέφρασαν τὴν εὐχὴν ὅπως αἱ δύο Ἐκκλησίαι ὁδηγηθοῦν πρὸς τὴν ἑνότητα ἐν τῇ πίστει τοῦ Κυρίου. Ἡ ἱστορικὴ αὐτὴ συνάντησις ἔλαβε χώραν εἰς τὴν Ἱερουσαλὴμ καὶ παρηκολουθήθη ὑπὸ πολλῶν πιστῶν ἀμφοτέρων τῶν δογμάτων.
Ὁ Κερκύρας ὑπὲρ
Κατὰ τὴν διάρκειαν τῆς συναντήσεως ὁ Πατριάρχης καὶ ὁ Πάπας ἀντήλλαξαν λόγους ἀγάπης καὶ εἰρήνης καὶ ἐξέφρασαν τὴν εὐχὴν ὅπως αἱ δύο Ἐκκλησίαι ὁδηγηθοῦν πρὸς τὴν ἑνότητα ἐν τῇ πίστει τοῦ Κυρίου. Ἡ ἱστορικὴ αὐτὴ συνάντησις ἔλαβε χώραν εἰς τὴν Ἱερουσαλὴμ καὶ παρηκολουθήθη ὑπὸ πολλῶν πιστῶν ἀμφοτέρων τῶν δογμάτων. Κατὰ τὴν διάρκειαν τῆς συναντήσεως ὁ Πατριάρχης καὶ ὁ Πάπας ἀντήλλαξαν λόγους ἀγάπης καὶ εἰρήνης καὶ ἐξέφρασαν τὴν εὐχὴν ὅπως αἱ δύο Ἐκκλησίαι ὁδηγηθοῦν πρὸς τὴν ἑνότητα ἐν τῇ πίστει τοῦ Κυρίου. Ἡ ἱστορικὴ αὐτὴ συνάντησις ἔλαβε χώραν εἰς τὴν Ἱερουσαλὴμ καὶ παρηκολουθήθη ὑπὸ πολλῶν πιστῶν ἀμφοτέρων τῶν δογμάτων. Κατὰ τὴν διάρκειαν τῆς συναντήσεως ὁ Πατριάρχης καὶ ὁ Πάπας ἀντήλλαξαν λόγους ἀγάπης καὶ εἰρήνης καὶ ἐξέφρασαν τὴν εὐχὴν ὅπως αἱ δύο Ἐκκλησίαι ὁδηγηθοῦν πρὸς τὴν ἑνότητα ἐν τῇ πίστει τοῦ Κυρίου. Ἡ ἱστορικὴ αὐτὴ συνάντησις ἔλαβε χώραν εἰς τὴν Ἱερουσαλὴμ καὶ παρηκολουθήθη ὑπὸ πολλῶν πιστῶν ἀμφοτέρων τῶν δογμάτων.
ΑΠΑΛΛΑΞΙΝ ΧΡΗΜΑΤΑ
Κατὰ τὴν διάρκειαν τῆς συναντήσεως ὁ Πατριάρχης καὶ ὁ Πάπας ἀντήλλαξαν λόγους ἀγάπης καὶ εἰρήνης καὶ ἐξέφρασαν τὴν εὐχὴν ὅπως αἱ δύο Ἐκκλησίαι ὁδηγηθοῦν πρὸς τὴν ἑνότητα ἐν τῇ πίστει τοῦ Κυρίου. Ἡ ἱστορικὴ αὐτὴ συνάντησις ἔλαβε χώραν εἰς τὴν Ἱερουσαλὴμ καὶ παρηκολουθήθη ὑπὸ πολλῶν πιστῶν ἀμφοτέρων τῶν δογμάτων. Κατὰ τὴν διάρκειαν τῆς συναντήσεως ὁ Πατριάρχης καὶ ὁ Πάπας ἀντήλλαξαν λόγους ἀγάπης καὶ εἰρήνης καὶ ἐξέφρασαν τὴν εὐχὴν ὅπως αἱ δύο Ἐκκλησίαι ὁδηγηθοῦν πρὸς τὴν ἑνότητα ἐν τῇ πίστει τοῦ Κυρίου. Ἡ ἱστορικὴ αὐτὴ συνάντησις ἔλαβε χώραν εἰς τὴν Ἱερουσαλὴμ καὶ παρηκολουθήθη ὑπὸ πολλῶν πιστῶν ἀμφοτέρων τῶν δογμάτων.
ΣΥΣΚΕΨΙΣ ΜΕ ΜΟΝΑΔΙΚΟΝ ΘΕΜΑ ΤΟ ΚΥΠΡΙΑΚΟΝ
Κατὰ τὴν διάρκειαν τῆς συναντήσεως ὁ Πατριάρχης καὶ ὁ Πάπας ἀντήλλαξαν λόγους ἀγάπης καὶ εἰρήνης καὶ ἐξέφρασαν τὴν εὐχὴν ὅπως αἱ δύο Ἐκκλησίαι ὁδηγηθοῦν πρὸς τὴν ἑνότητα ἐν τῇ πίστει τοῦ Κυρίου. Ἡ ἱστορικὴ αὐτὴ συνάντησις ἔλαβε χώραν εἰς τὴν Ἱερουσαλὴμ καὶ παρηκολουθήθη ὑπὸ πολλῶν πιστῶν ἀμφοτέρων τῶν δογμάτων. Κατὰ τὴν διάρκειαν τῆς συναντήσεως ὁ Πατριάρχης καὶ ὁ Πάπας ἀντήλλαξαν λόγους ἀγάπης καὶ εἰρήνης καὶ ἐξέφρασαν τὴν εὐχὴν ὅπως αἱ δύο Ἐκκλησίαι ὁδηγηθοῦν πρὸς τὴν ἑνότητα ἐν τῇ πίστει τοῦ Κυρίου. Ἡ ἱστορικὴ αὐτὴ συνάντησις ἔλαβε χώραν εἰς τὴν Ἱερουσαλὴμ καὶ παρηκολουθήθη ὑπὸ πολλῶν πιστῶν ἀμφοτέρων τῶν δογμάτων. Κατὰ τὴν διάρκειαν τῆς συναντήσεως ὁ Πατριάρχης καὶ ὁ Πάπας ἀντήλλαξαν λόγους ἀγάπης καὶ εἰρήνης καὶ ἐξέφρασαν τὴν εὐχὴν ὅπως αἱ δύο Ἐκκλησίαι ὁδηγηθοῦν πρὸς τὴν ἑνότητα ἐν τῇ πίστει τοῦ Κυρίου. Ἡ ἱστορικὴ αὐτὴ συνάντησις ἔλαβε χώραν εἰς τὴν Ἱερουσαλὴμ καὶ παρηκολουθήθη ὑπὸ πολλῶν πιστῶν ἀμφοτέρων τῶν δογμάτων. Κατὰ τὴν διάρκειαν τῆς συναντήσεως ὁ Πατριάρχης καὶ ὁ Πάπας ἀντήλλαξαν λόγους ἀγάπης καὶ εἰρήνης καὶ ἐξέφρασαν τὴν εὐχὴν ὅπως αἱ δύο Ἐκκλησίαι ὁδηγηθοῦν πρὸς τὴν ἑνότητα ἐν τῇ πίστει τοῦ Κυρίου. Ἡ ἱστορικὴ αὐτὴ συνάντησις ἔλαβε χώραν εἰς τὴν Ἱερουσαλὴμ καὶ παρηκολουθήθη ὑπὸ πολλῶν πιστῶν ἀμφοτέρων τῶν δογμάτων.
ΠΕΡΙ ΣΥΝΕΝΝΟΗΣΕΩΣ
Κατὰ τὴν διάρκειαν τῆς συναντήσεως ὁ Πατριάρχης καὶ ὁ Πάπας ἀντήλλαξαν λόγους ἀγάπης καὶ εἰρήνης καὶ ἐξέφρασαν τὴν εὐχὴν ὅπως αἱ δύο Ἐκκλησίαι ὁδηγηθοῦν πρὸς τὴν ἑνότητα ἐν τῇ πίστει τοῦ Κυρίου. Ἡ ἱστορικὴ αὐτὴ συνάντησις ἔλαβε χώραν εἰς τὴν Ἱερουσαλὴμ καὶ παρηκολουθήθη ὑπὸ πολλῶν πιστῶν ἀμφοτέρων τῶν δογμάτων. Κατὰ τὴν διάρκειαν τῆς συναντήσεως ὁ Πατριάρχης καὶ ὁ Πάπας ἀντήλλαξαν λόγους ἀγάπης καὶ εἰρήνης καὶ ἐξέφρασαν τὴν εὐχὴν ὅπως αἱ δύο Ἐκκλησίαι ὁδηγηθοῦν πρὸς τὴν ἑνότητα ἐν τῇ πίστει τοῦ Κυρίου. Ἡ ἱστορικὴ αὐτὴ συνάντησις ἔλαβε χώραν εἰς τὴν Ἱερουσαλὴμ καὶ παρηκολουθήθη ὑπὸ πολλῶν πιστῶν ἀμφοτέρων τῶν δογμάτων.
ΣΠΥΡΟΣ ΜΕΛΑΣ
